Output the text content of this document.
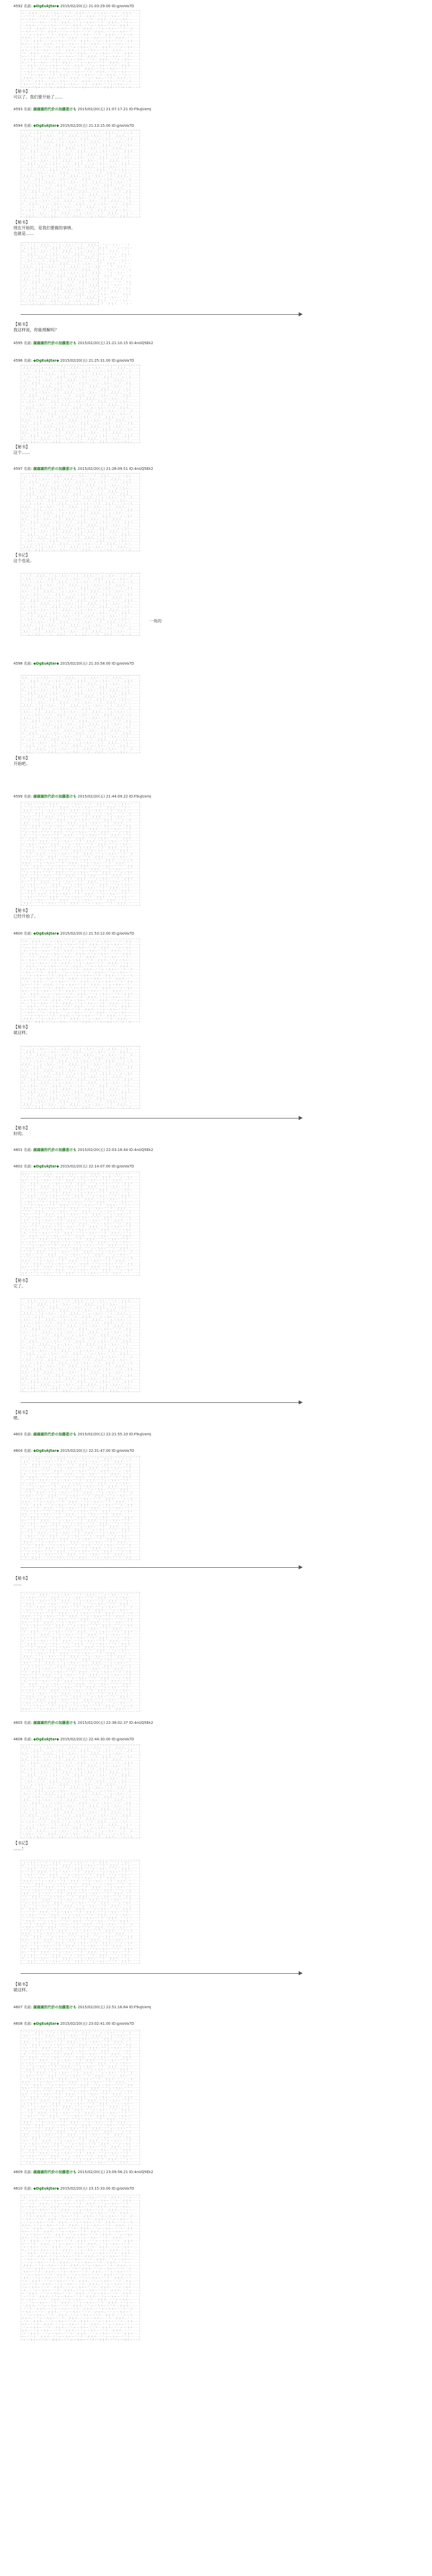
4592 名前: ◆DgEukJtar◆ 2015/02/20(五) 21:03:29.00 ID:g/ooVa7D
ﾉ ｀ / | ｲ ､ ' ' ｨ ヽ \ ﾚ ｰ ' ' ﾉ ｀ / | ｲ ､ ' ' ｨ ヽ \ ﾚ ｰ ' ' ﾉ ｀ / | ｲ
ｰ ' ' ﾉ ｀ / | ｲ ､ ' ' ｨ ヽ \ ﾚ ｰ ' ' ﾉ ｀ / | ｲ ､ ' ' ｨ ヽ \ ﾚ ｰ ' ' ﾉ ｀
ｨ ヽ \ ﾚ ｰ ' ' ﾉ ｀ / | ｲ ､ ' ' ｨ ヽ \ ﾚ ｰ ' ' ﾉ ｀ / | ｲ ､ ' ' ｨ ヽ \ ﾚ ｰ
､ ' ' ｨ ヽ \ ﾚ ｰ ' ' ﾉ ｀ / | ｲ ､ ' ' ｨ ヽ \ ﾚ ｰ ' ' ﾉ ｀ / | ｲ ､ ' ' ｨ ヽ
｀ / | ｲ ､ ' ' ｨ ヽ \ ﾚ ｰ ' ' ﾉ ｀ / | ｲ ､ ' ' ｨ ヽ \ ﾚ ｰ ' ' ﾉ ｀ / | ｲ ､
' ' ﾉ ｀ / | ｲ ､ ' ' ｨ ヽ \ ﾚ ｰ ' ' ﾉ ｀ / | ｲ ､ ' ' ｨ ヽ \ ﾚ ｰ ' ' ﾉ ｀ /
ヽ \ ﾚ ｰ ' ' ﾉ ｀ / | ｲ ､ ' ' ｨ ヽ \ ﾚ ｰ ' ' ﾉ ｀ / | ｲ ､ ' ' ｨ ヽ \ ﾚ ｰ '
' ' ｨ ヽ \ ﾚ ｰ ' ' ﾉ ｀ / | ｲ ､ ' ' ｨ ヽ \ ﾚ ｰ ' ' ﾉ ｀ / | ｲ ､ ' ' ｨ ヽ \
/ | ｲ ､ ' ' ｨ ヽ \ ﾚ ｰ ' ' ﾉ ｀ / | ｲ ､ ' ' ｨ ヽ \ ﾚ ｰ ' ' ﾉ ｀ / | ｲ ､ '
' ﾉ ｀ / | ｲ ､ ' ' ｨ ヽ \ ﾚ ｰ ' ' ﾉ ｀ / | ｲ ､ ' ' ｨ ヽ \ ﾚ ｰ ' ' ﾉ ｀ / |
\ ﾚ ｰ ' ' ﾉ ｀ / | ｲ ､ ' ' ｨ ヽ \ ﾚ ｰ ' ' ﾉ ｀ / | ｲ ､ ' ' ｨ ヽ \ ﾚ ｰ ' '
' ｨ ヽ \ ﾚ ｰ ' ' ﾉ ｀ / | ｲ ､ ' ' ｨ ヽ \ ﾚ ｰ ' ' ﾉ ｀ / | ｲ ､ ' ' ｨ ヽ \ ﾚ
| ｲ ､ ' ' ｨ ヽ \ ﾚ ｰ ' ' ﾉ ｀ / | ｲ ､ ' ' ｨ ヽ \ ﾚ ｰ ' ' ﾉ ｀ / | ｲ ､ ' '
ﾉ ｀ / | ｲ ､ ' ' ｨ ヽ \ ﾚ ｰ ' ' ﾉ ｀ / | ｲ ､ ' ' ｨ ヽ \ ﾚ ｰ ' ' ﾉ ｀ / | ｲ
ﾚ ｰ ' ' ﾉ ｀ / | ｲ ､ ' ' ｨ ヽ \ ﾚ ｰ ' ' ﾉ ｀ / | ｲ ､ ' ' ｨ ヽ \ ﾚ ｰ ' ' ﾉ
ｨ ヽ \ ﾚ ｰ ' ' ﾉ ｀ / | ｲ ､ ' ' ｨ ヽ \ ﾚ ｰ ' ' ﾉ ｀ / | ｲ ､ ' ' ｨ ヽ \ ﾚ ｰ
ｲ ､ ' ' ｨ ヽ \ ﾚ ｰ ' ' ﾉ ｀ / | ｲ ､ ' ' ｨ ヽ \ ﾚ ｰ ' ' ﾉ ｀ / | ｲ ､ ' ' ｨ
｀ / | ｲ ､ ' ' ｨ ヽ \ ﾚ ｰ ' ' ﾉ ｀ / | ｲ ､ ' ' ｨ ヽ \ ﾚ ｰ ' ' ﾉ ｀ / | ｲ ､
ｰ ' ' ﾉ ｀ / | ｲ ､ ' ' ｨ ヽ \ ﾚ ｰ ' ' ﾉ ｀ / | ｲ ､ ' ' ｨ ヽ \ ﾚ ｰ ' ' ﾉ ｀
ヽ \ ﾚ ｰ ' ' ﾉ ｀ / | ｲ ､ ' ' ｨ ヽ \ ﾚ ｰ ' ' ﾉ ｀ / | ｲ ､ ' ' ｨ ヽ \ ﾚ ｰ '
､ ' ' ｨ ヽ \ ﾚ ｰ ' ' ﾉ ｀ / | ｲ ､ ' ' ｨ ヽ \ ﾚ ｰ ' ' ﾉ ｀ / | ｲ ､ ' ' ｨ ヽ
/ | ｲ ､ ' ' ｨ ヽ \ ﾚ ｰ ' ' ﾉ ｀ / | ｲ ､ ' ' ｨ ヽ \ ﾚ ｰ ' ' ﾉ ｀ / | ｲ ､ '
' ' ﾉ ｀ / | ｲ ､ ' ' ｨ ヽ \ ﾚ ｰ ' ' ﾉ ｀ / | ｲ ､ ' ' ｨ ヽ \ ﾚ ｰ ' ' ﾉ ｀ /
\ ﾚ ｰ ' ' ﾉ ｀ / | ｲ ､ ' ' ｨ ヽ \ ﾚ ｰ ' ' ﾉ ｀ / | ｲ ､ ' ' ｨ ヽ \ ﾚ ｰ ' '
' ' ｨ ヽ \ ﾚ ｰ ' ' ﾉ ｀ / | ｲ ､ ' ' ｨ ヽ \ ﾚ ｰ ' ' ﾉ ｀ / | ｲ ､ ' ' ｨ ヽ \

【秘书】
可以了。我们要开始了……
4593 名前: 腐腐腐的代价の加藤恵けも 2015/02/20(五) 21:07:17.21 ID:F9uJUxmj
4594 名前: ◆DgEukJtar◆ 2015/02/20(五) 21:13:15.00 ID:g/ooVa7D
' ' ｨ ヽ \ ﾚ ｰ ' ' ﾉ ｀ / | ｲ ､ ' ' ｨ ヽ \ ﾚ ｰ ' ' ﾉ ｀ / | ｲ ､ ' ' ｨ ヽ \
/ | ｲ ､ ' ' ｨ ヽ \ ﾚ ｰ ' ' ﾉ ｀ / | ｲ ､ ' ' ｨ ヽ \ ﾚ ｰ ' ' ﾉ ｀ / | ｲ ､ '
' ﾉ ｀ / | ｲ ､ ' ' ｨ ヽ \ ﾚ ｰ ' ' ﾉ ｀ / | ｲ ､ ' ' ｨ ヽ \ ﾚ ｰ ' ' ﾉ ｀ / |
\ ﾚ ｰ ' ' ﾉ ｀ / | ｲ ､ ' ' ｨ ヽ \ ﾚ ｰ ' ' ﾉ ｀ / | ｲ ､ ' ' ｨ ヽ \ ﾚ ｰ ' '
' ｨ ヽ \ ﾚ ｰ ' ' ﾉ ｀ / | ｲ ､ ' ' ｨ ヽ \ ﾚ ｰ ' ' ﾉ ｀ / | ｲ ､ ' ' ｨ ヽ \ ﾚ
| ｲ ､ ' ' ｨ ヽ \ ﾚ ｰ ' ' ﾉ ｀ / | ｲ ､ ' ' ｨ ヽ \ ﾚ ｰ ' ' ﾉ ｀ / | ｲ ､ ' '
ﾉ ｀ / | ｲ ､ ' ' ｨ ヽ \ ﾚ ｰ ' ' ﾉ ｀ / | ｲ ､ ' ' ｨ ヽ \ ﾚ ｰ ' ' ﾉ ｀ / | ｲ
ﾚ ｰ ' ' ﾉ ｀ / | ｲ ､ ' ' ｨ ヽ \ ﾚ ｰ ' ' ﾉ ｀ / | ｲ ､ ' ' ｨ ヽ \ ﾚ ｰ ' ' ﾉ
ｨ ヽ \ ﾚ ｰ ' ' ﾉ ｀ / | ｲ ､ ' ' ｨ ヽ \ ﾚ ｰ ' ' ﾉ ｀ / | ｲ ､ ' ' ｨ ヽ \ ﾚ ｰ
ｲ ､ ' ' ｨ ヽ \ ﾚ ｰ ' ' ﾉ ｀ / | ｲ ､ ' ' ｨ ヽ \ ﾚ ｰ ' ' ﾉ ｀ / | ｲ ､ ' ' ｨ
｀ / | ｲ ､ ' ' ｨ ヽ \ ﾚ ｰ ' ' ﾉ ｀ / | ｲ ､ ' ' ｨ ヽ \ ﾚ ｰ ' ' ﾉ ｀ / | ｲ ､
ｰ ' ' ﾉ ｀ / | ｲ ､ ' ' ｨ ヽ \ ﾚ ｰ ' ' ﾉ ｀ / | ｲ ､ ' ' ｨ ヽ \ ﾚ ｰ ' ' ﾉ ｀
ヽ \ ﾚ ｰ ' ' ﾉ ｀ / | ｲ ､ ' ' ｨ ヽ \ ﾚ ｰ ' ' ﾉ ｀ / | ｲ ､ ' ' ｨ ヽ \ ﾚ ｰ '
､ ' ' ｨ ヽ \ ﾚ ｰ ' ' ﾉ ｀ / | ｲ ､ ' ' ｨ ヽ \ ﾚ ｰ ' ' ﾉ ｀ / | ｲ ､ ' ' ｨ ヽ
/ | ｲ ､ ' ' ｨ ヽ \ ﾚ ｰ ' ' ﾉ ｀ / | ｲ ､ ' ' ｨ ヽ \ ﾚ ｰ ' ' ﾉ ｀ / | ｲ ､ '
' ' ﾉ ｀ / | ｲ ､ ' ' ｨ ヽ \ ﾚ ｰ ' ' ﾉ ｀ / | ｲ ､ ' ' ｨ ヽ \ ﾚ ｰ ' ' ﾉ ｀ /
\ ﾚ ｰ ' ' ﾉ ｀ / | ｲ ､ ' ' ｨ ヽ \ ﾚ ｰ ' ' ﾉ ｀ / | ｲ ､ ' ' ｨ ヽ \ ﾚ ｰ ' '
' ' ｨ ヽ \ ﾚ ｰ ' ' ﾉ ｀ / | ｲ ､ ' ' ｨ ヽ \ ﾚ ｰ ' ' ﾉ ｀ / | ｲ ､ ' ' ｨ ヽ \
| ｲ ､ ' ' ｨ ヽ \ ﾚ ｰ ' ' ﾉ ｀ / | ｲ ､ ' ' ｨ ヽ \ ﾚ ｰ ' ' ﾉ ｀ / | ｲ ､ ' '
' ﾉ ｀ / | ｲ ､ ' ' ｨ ヽ \ ﾚ ｰ ' ' ﾉ ｀ / | ｲ ､ ' ' ｨ ヽ \ ﾚ ｰ ' ' ﾉ ｀ / |
ﾚ ｰ ' ' ﾉ ｀ / | ｲ ､ ' ' ｨ ヽ \ ﾚ ｰ ' ' ﾉ ｀ / | ｲ ､ ' ' ｨ ヽ \ ﾚ ｰ ' ' ﾉ
' ｨ ヽ \ ﾚ ｰ ' ' ﾉ ｀ / | ｲ ､ ' ' ｨ ヽ \ ﾚ ｰ ' ' ﾉ ｀ / | ｲ ､ ' ' ｨ ヽ \ ﾚ
ｲ ､ ' ' ｨ ヽ \ ﾚ ｰ ' ' ﾉ ｀ / | ｲ ､ ' ' ｨ ヽ \ ﾚ ｰ ' ' ﾉ ｀ / | ｲ ､ ' ' ｨ
ﾉ ｀ / | ｲ ､ ' ' ｨ ヽ \ ﾚ ｰ ' ' ﾉ ｀ / | ｲ ､ ' ' ｨ ヽ \ ﾚ ｰ ' ' ﾉ ｀ / | ｲ
ｰ ' ' ﾉ ｀ / | ｲ ､ ' ' ｨ ヽ \ ﾚ ｰ ' ' ﾉ ｀ / | ｲ ､ ' ' ｨ ヽ \ ﾚ ｰ ' ' ﾉ ｀
ｨ ヽ \ ﾚ ｰ ' ' ﾉ ｀ / | ｲ ､ ' ' ｨ ヽ \ ﾚ ｰ ' ' ﾉ ｀ / | ｲ ､ ' ' ｨ ヽ \ ﾚ ｰ
､ ' ' ｨ ヽ \ ﾚ ｰ ' ' ﾉ ｀ / | ｲ ､ ' ' ｨ ヽ \ ﾚ ｰ ' ' ﾉ ｀ / | ｲ ､ ' ' ｨ ヽ
｀ / | ｲ ､ ' ' ｨ ヽ \ ﾚ ｰ ' ' ﾉ ｀ / | ｲ ､ ' ' ｨ ヽ \ ﾚ ｰ ' ' ﾉ ｀ / | ｲ ､

【秘书】
现在开始的，是我们要做的事情。
也就是……
ﾚ ｰ ' ' ﾉ ｀ / | ｲ ､ ' ' ｨ ヽ \ ﾚ ｰ ' ' ﾉ ｀ / | ｲ ､ ' ' ｨ ヽ \ ﾚ ｰ ' ' ﾉ
ｨ ヽ \ ﾚ ｰ ' ' ﾉ ｀ / | ｲ ､ ' ' ｨ ヽ \ ﾚ ｰ ' ' ﾉ ｀ / | ｲ ､ ' ' ｨ ヽ \ ﾚ ｰ
ｲ ､ ' ' ｨ ヽ \ ﾚ ｰ ' ' ﾉ ｀ / | ｲ ､ ' ' ｨ ヽ \ ﾚ ｰ ' ' ﾉ ｀ / | ｲ ､ ' ' ｨ
｀ / | ｲ ､ ' ' ｨ ヽ \ ﾚ ｰ ' ' ﾉ ｀ / | ｲ ､ ' ' ｨ ヽ \ ﾚ ｰ ' ' ﾉ ｀ / | ｲ ､
ｰ ' ' ﾉ ｀ / | ｲ ､ ' ' ｨ ヽ \ ﾚ ｰ ' ' ﾉ ｀ / | ｲ ､ ' ' ｨ ヽ \ ﾚ ｰ ' ' ﾉ ｀
ヽ \ ﾚ ｰ ' ' ﾉ ｀ / | ｲ ､ ' ' ｨ ヽ \ ﾚ ｰ ' ' ﾉ ｀ / | ｲ ､ ' ' ｨ ヽ \ ﾚ ｰ '
､ ' ' ｨ ヽ \ ﾚ ｰ ' ' ﾉ ｀ / | ｲ ､ ' ' ｨ ヽ \ ﾚ ｰ ' ' ﾉ ｀ / | ｲ ､ ' ' ｨ ヽ
/ | ｲ ､ ' ' ｨ ヽ \ ﾚ ｰ ' ' ﾉ ｀ / | ｲ ､ ' ' ｨ ヽ \ ﾚ ｰ ' ' ﾉ ｀ / | ｲ ､ '
' ' ﾉ ｀ / | ｲ ､ ' ' ｨ ヽ \ ﾚ ｰ ' ' ﾉ ｀ / | ｲ ､ ' ' ｨ ヽ \ ﾚ ｰ ' ' ﾉ ｀ /
\ ﾚ ｰ ' ' ﾉ ｀ / | ｲ ､ ' ' ｨ ヽ \ ﾚ ｰ ' ' ﾉ ｀ / | ｲ ､ ' ' ｨ ヽ \ ﾚ ｰ ' '
' ' ｨ ヽ \ ﾚ ｰ ' ' ﾉ ｀ / | ｲ ､ ' ' ｨ ヽ \ ﾚ ｰ ' ' ﾉ ｀ / | ｲ ､ ' ' ｨ ヽ \
| ｲ ､ ' ' ｨ ヽ \ ﾚ ｰ ' ' ﾉ ｀ / | ｲ ､ ' ' ｨ ヽ \ ﾚ ｰ ' ' ﾉ ｀ / | ｲ ､ ' '
' ﾉ ｀ / | ｲ ､ ' ' ｨ ヽ \ ﾚ ｰ ' ' ﾉ ｀ / | ｲ ､ ' ' ｨ ヽ \ ﾚ ｰ ' ' ﾉ ｀ / |
ﾚ ｰ ' ' ﾉ ｀ / | ｲ ､ ' ' ｨ ヽ \ ﾚ ｰ ' ' ﾉ ｀ / | ｲ ､ ' ' ｨ ヽ \ ﾚ ｰ ' ' ﾉ
' ｨ ヽ \ ﾚ ｰ ' ' ﾉ ｀ / | ｲ ､ ' ' ｨ ヽ \ ﾚ ｰ ' ' ﾉ ｀ / | ｲ ､ ' ' ｨ ヽ \ ﾚ
ｲ ､ ' ' ｨ ヽ \ ﾚ ｰ ' ' ﾉ ｀ / | ｲ ､ ' ' ｨ ヽ \ ﾚ ｰ ' ' ﾉ ｀ / | ｲ ､ ' ' ｨ
ﾉ ｀ / | ｲ ､ ' ' ｨ ヽ \ ﾚ ｰ ' ' ﾉ ｀ / | ｲ ､ ' ' ｨ ヽ \ ﾚ ｰ ' ' ﾉ ｀ / | ｲ
ｰ ' ' ﾉ ｀ / | ｲ ､ ' ' ｨ ヽ \ ﾚ ｰ ' ' ﾉ ｀ / | ｲ ､ ' ' ｨ ヽ \ ﾚ ｰ ' ' ﾉ ｀
ｨ ヽ \ ﾚ ｰ ' ' ﾉ ｀ / | ｲ ､ ' ' ｨ ヽ \ ﾚ ｰ ' ' ﾉ ｀ / | ｲ ､ ' ' ｨ ヽ \ ﾚ ｰ
､ ' ' ｨ ヽ \ ﾚ ｰ ' ' ﾉ ｀ / | ｲ ､ ' ' ｨ ヽ \ ﾚ ｰ ' ' ﾉ ｀ / | ｲ ､ ' ' ｨ ヽ

【秘书】
我这样说，你能理解吗？
4595 名前: 腐腐腐的代价の加藤恵けも 2015/02/20(五) 21:21:10.15 ID:4nUQ5Ek2
4596 名前: ◆DgEukJtar◆ 2015/02/20(五) 21:25:31.00 ID:g/ooVa7D
/ | ｲ ､ ' ' ｨ ヽ \ ﾚ ｰ ' ' ﾉ ｀ / | ｲ ､ ' ' ｨ ヽ \ ﾚ ｰ ' ' ﾉ ｀ / | ｲ ､ '
' ' ﾉ ｀ / | ｲ ､ ' ' ｨ ヽ \ ﾚ ｰ ' ' ﾉ ｀ / | ｲ ､ ' ' ｨ ヽ \ ﾚ ｰ ' ' ﾉ ｀ /
\ ﾚ ｰ ' ' ﾉ ｀ / | ｲ ､ ' ' ｨ ヽ \ ﾚ ｰ ' ' ﾉ ｀ / | ｲ ､ ' ' ｨ ヽ \ ﾚ ｰ ' '
' ' ｨ ヽ \ ﾚ ｰ ' ' ﾉ ｀ / | ｲ ､ ' ' ｨ ヽ \ ﾚ ｰ ' ' ﾉ ｀ / | ｲ ､ ' ' ｨ ヽ \
| ｲ ､ ' ' ｨ ヽ \ ﾚ ｰ ' ' ﾉ ｀ / | ｲ ､ ' ' ｨ ヽ \ ﾚ ｰ ' ' ﾉ ｀ / | ｲ ､ ' '
' ﾉ ｀ / | ｲ ､ ' ' ｨ ヽ \ ﾚ ｰ ' ' ﾉ ｀ / | ｲ ､ ' ' ｨ ヽ \ ﾚ ｰ ' ' ﾉ ｀ / |
ﾚ ｰ ' ' ﾉ ｀ / | ｲ ､ ' ' ｨ ヽ \ ﾚ ｰ ' ' ﾉ ｀ / | ｲ ､ ' ' ｨ ヽ \ ﾚ ｰ ' ' ﾉ
' ｨ ヽ \ ﾚ ｰ ' ' ﾉ ｀ / | ｲ ､ ' ' ｨ ヽ \ ﾚ ｰ ' ' ﾉ ｀ / | ｲ ､ ' ' ｨ ヽ \ ﾚ
ｲ ､ ' ' ｨ ヽ \ ﾚ ｰ ' ' ﾉ ｀ / | ｲ ､ ' ' ｨ ヽ \ ﾚ ｰ ' ' ﾉ ｀ / | ｲ ､ ' ' ｨ
ﾉ ｀ / | ｲ ､ ' ' ｨ ヽ \ ﾚ ｰ ' ' ﾉ ｀ / | ｲ ､ ' ' ｨ ヽ \ ﾚ ｰ ' ' ﾉ ｀ / | ｲ
ｰ ' ' ﾉ ｀ / | ｲ ､ ' ' ｨ ヽ \ ﾚ ｰ ' ' ﾉ ｀ / | ｲ ､ ' ' ｨ ヽ \ ﾚ ｰ ' ' ﾉ ｀
ｨ ヽ \ ﾚ ｰ ' ' ﾉ ｀ / | ｲ ､ ' ' ｨ ヽ \ ﾚ ｰ ' ' ﾉ ｀ / | ｲ ､ ' ' ｨ ヽ \ ﾚ ｰ
､ ' ' ｨ ヽ \ ﾚ ｰ ' ' ﾉ ｀ / | ｲ ､ ' ' ｨ ヽ \ ﾚ ｰ ' ' ﾉ ｀ / | ｲ ､ ' ' ｨ ヽ
｀ / | ｲ ､ ' ' ｨ ヽ \ ﾚ ｰ ' ' ﾉ ｀ / | ｲ ､ ' ' ｨ ヽ \ ﾚ ｰ ' ' ﾉ ｀ / | ｲ ､
' ' ﾉ ｀ / | ｲ ､ ' ' ｨ ヽ \ ﾚ ｰ ' ' ﾉ ｀ / | ｲ ､ ' ' ｨ ヽ \ ﾚ ｰ ' ' ﾉ ｀ /
ヽ \ ﾚ ｰ ' ' ﾉ ｀ / | ｲ ､ ' ' ｨ ヽ \ ﾚ ｰ ' ' ﾉ ｀ / | ｲ ､ ' ' ｨ ヽ \ ﾚ ｰ '
' ' ｨ ヽ \ ﾚ ｰ ' ' ﾉ ｀ / | ｲ ､ ' ' ｨ ヽ \ ﾚ ｰ ' ' ﾉ ｀ / | ｲ ､ ' ' ｨ ヽ \
/ | ｲ ､ ' ' ｨ ヽ \ ﾚ ｰ ' ' ﾉ ｀ / | ｲ ､ ' ' ｨ ヽ \ ﾚ ｰ ' ' ﾉ ｀ / | ｲ ､ '
' ﾉ ｀ / | ｲ ､ ' ' ｨ ヽ \ ﾚ ｰ ' ' ﾉ ｀ / | ｲ ､ ' ' ｨ ヽ \ ﾚ ｰ ' ' ﾉ ｀ / |
\ ﾚ ｰ ' ' ﾉ ｀ / | ｲ ､ ' ' ｨ ヽ \ ﾚ ｰ ' ' ﾉ ｀ / | ｲ ､ ' ' ｨ ヽ \ ﾚ ｰ ' '
' ｨ ヽ \ ﾚ ｰ ' ' ﾉ ｀ / | ｲ ､ ' ' ｨ ヽ \ ﾚ ｰ ' ' ﾉ ｀ / | ｲ ､ ' ' ｨ ヽ \ ﾚ
| ｲ ､ ' ' ｨ ヽ \ ﾚ ｰ ' ' ﾉ ｀ / | ｲ ､ ' ' ｨ ヽ \ ﾚ ｰ ' ' ﾉ ｀ / | ｲ ､ ' '
ﾉ ｀ / | ｲ ､ ' ' ｨ ヽ \ ﾚ ｰ ' ' ﾉ ｀ / | ｲ ､ ' ' ｨ ヽ \ ﾚ ｰ ' ' ﾉ ｀ / | ｲ
ﾚ ｰ ' ' ﾉ ｀ / | ｲ ､ ' ' ｨ ヽ \ ﾚ ｰ ' ' ﾉ ｀ / | ｲ ､ ' ' ｨ ヽ \ ﾚ ｰ ' ' ﾉ
ｨ ヽ \ ﾚ ｰ ' ' ﾉ ｀ / | ｲ ､ ' ' ｨ ヽ \ ﾚ ｰ ' ' ﾉ ｀ / | ｲ ､ ' ' ｨ ヽ \ ﾚ ｰ

【秘书】
这个……
4597 名前: 腐腐腐的代价の加藤恵けも 2015/02/20(五) 21:28:09.51 ID:4nUQ5Ek2
' ｨ ヽ \ ﾚ ｰ ' ' ﾉ ｀ / | ｲ ､ ' ' ｨ ヽ \ ﾚ ｰ ' ' ﾉ ｀ / | ｲ ､ ' ' ｨ ヽ \ ﾚ
ｲ ､ ' ' ｨ ヽ \ ﾚ ｰ ' ' ﾉ ｀ / | ｲ ､ ' ' ｨ ヽ \ ﾚ ｰ ' ' ﾉ ｀ / | ｲ ､ ' ' ｨ
ﾉ ｀ / | ｲ ､ ' ' ｨ ヽ \ ﾚ ｰ ' ' ﾉ ｀ / | ｲ ､ ' ' ｨ ヽ \ ﾚ ｰ ' ' ﾉ ｀ / | ｲ
ｰ ' ' ﾉ ｀ / | ｲ ､ ' ' ｨ ヽ \ ﾚ ｰ ' ' ﾉ ｀ / | ｲ ､ ' ' ｨ ヽ \ ﾚ ｰ ' ' ﾉ ｀
ｨ ヽ \ ﾚ ｰ ' ' ﾉ ｀ / | ｲ ､ ' ' ｨ ヽ \ ﾚ ｰ ' ' ﾉ ｀ / | ｲ ､ ' ' ｨ ヽ \ ﾚ ｰ
､ ' ' ｨ ヽ \ ﾚ ｰ ' ' ﾉ ｀ / | ｲ ､ ' ' ｨ ヽ \ ﾚ ｰ ' ' ﾉ ｀ / | ｲ ､ ' ' ｨ ヽ
｀ / | ｲ ､ ' ' ｨ ヽ \ ﾚ ｰ ' ' ﾉ ｀ / | ｲ ､ ' ' ｨ ヽ \ ﾚ ｰ ' ' ﾉ ｀ / | ｲ ､
' ' ﾉ ｀ / | ｲ ､ ' ' ｨ ヽ \ ﾚ ｰ ' ' ﾉ ｀ / | ｲ ､ ' ' ｨ ヽ \ ﾚ ｰ ' ' ﾉ ｀ /
ヽ \ ﾚ ｰ ' ' ﾉ ｀ / | ｲ ､ ' ' ｨ ヽ \ ﾚ ｰ ' ' ﾉ ｀ / | ｲ ､ ' ' ｨ ヽ \ ﾚ ｰ '
' ' ｨ ヽ \ ﾚ ｰ ' ' ﾉ ｀ / | ｲ ､ ' ' ｨ ヽ \ ﾚ ｰ ' ' ﾉ ｀ / | ｲ ､ ' ' ｨ ヽ \
/ | ｲ ､ ' ' ｨ ヽ \ ﾚ ｰ ' ' ﾉ ｀ / | ｲ ､ ' ' ｨ ヽ \ ﾚ ｰ ' ' ﾉ ｀ / | ｲ ､ '
' ﾉ ｀ / | ｲ ､ ' ' ｨ ヽ \ ﾚ ｰ ' ' ﾉ ｀ / | ｲ ､ ' ' ｨ ヽ \ ﾚ ｰ ' ' ﾉ ｀ / |
\ ﾚ ｰ ' ' ﾉ ｀ / | ｲ ､ ' ' ｨ ヽ \ ﾚ ｰ ' ' ﾉ ｀ / | ｲ ､ ' ' ｨ ヽ \ ﾚ ｰ ' '
' ｨ ヽ \ ﾚ ｰ ' ' ﾉ ｀ / | ｲ ､ ' ' ｨ ヽ \ ﾚ ｰ ' ' ﾉ ｀ / | ｲ ､ ' ' ｨ ヽ \ ﾚ
| ｲ ､ ' ' ｨ ヽ \ ﾚ ｰ ' ' ﾉ ｀ / | ｲ ､ ' ' ｨ ヽ \ ﾚ ｰ ' ' ﾉ ｀ / | ｲ ､ ' '
ﾉ ｀ / | ｲ ､ ' ' ｨ ヽ \ ﾚ ｰ ' ' ﾉ ｀ / | ｲ ､ ' ' ｨ ヽ \ ﾚ ｰ ' ' ﾉ ｀ / | ｲ
ﾚ ｰ ' ' ﾉ ｀ / | ｲ ､ ' ' ｨ ヽ \ ﾚ ｰ ' ' ﾉ ｀ / | ｲ ､ ' ' ｨ ヽ \ ﾚ ｰ ' ' ﾉ
ｨ ヽ \ ﾚ ｰ ' ' ﾉ ｀ / | ｲ ､ ' ' ｨ ヽ \ ﾚ ｰ ' ' ﾉ ｀ / | ｲ ､ ' ' ｨ ヽ \ ﾚ ｰ
ｲ ､ ' ' ｨ ヽ \ ﾚ ｰ ' ' ﾉ ｀ / | ｲ ､ ' ' ｨ ヽ \ ﾚ ｰ ' ' ﾉ ｀ / | ｲ ､ ' ' ｨ
｀ / | ｲ ､ ' ' ｨ ヽ \ ﾚ ｰ ' ' ﾉ ｀ / | ｲ ､ ' ' ｨ ヽ \ ﾚ ｰ ' ' ﾉ ｀ / | ｲ ､
ｰ ' ' ﾉ ｀ / | ｲ ､ ' ' ｨ ヽ \ ﾚ ｰ ' ' ﾉ ｀ / | ｲ ､ ' ' ｨ ヽ \ ﾚ ｰ ' ' ﾉ ｀
ヽ \ ﾚ ｰ ' ' ﾉ ｀ / | ｲ ､ ' ' ｨ ヽ \ ﾚ ｰ ' ' ﾉ ｀ / | ｲ ､ ' ' ｨ ヽ \ ﾚ ｰ '
､ ' ' ｨ ヽ \ ﾚ ｰ ' ' ﾉ ｀ / | ｲ ､ ' ' ｨ ヽ \ ﾚ ｰ ' ' ﾉ ｀ / | ｲ ､ ' ' ｨ ヽ
/ | ｲ ､ ' ' ｨ ヽ \ ﾚ ｰ ' ' ﾉ ｀ / | ｲ ､ ' ' ｨ ヽ \ ﾚ ｰ ' ' ﾉ ｀ / | ｲ ､ '
' ' ﾉ ｀ / | ｲ ､ ' ' ｨ ヽ \ ﾚ ｰ ' ' ﾉ ｀ / | ｲ ､ ' ' ｨ ヽ \ ﾚ ｰ ' ' ﾉ ｀ /

【书记】
这个也是。
' ' ﾉ ｀ / | ｲ ､ ' ' ｨ ヽ \ ﾚ ｰ ' ' ﾉ ｀ / | ｲ ､ ' ' ｨ ヽ \ ﾚ ｰ ' ' ﾉ ｀ /
ヽ \ ﾚ ｰ ' ' ﾉ ｀ / | ｲ ､ ' ' ｨ ヽ \ ﾚ ｰ ' ' ﾉ ｀ / | ｲ ､ ' ' ｨ ヽ \ ﾚ ｰ '
' ' ｨ ヽ \ ﾚ ｰ ' ' ﾉ ｀ / | ｲ ､ ' ' ｨ ヽ \ ﾚ ｰ ' ' ﾉ ｀ / | ｲ ､ ' ' ｨ ヽ \
/ | ｲ ､ ' ' ｨ ヽ \ ﾚ ｰ ' ' ﾉ ｀ / | ｲ ､ ' ' ｨ ヽ \ ﾚ ｰ ' ' ﾉ ｀ / | ｲ ､ '
' ﾉ ｀ / | ｲ ､ ' ' ｨ ヽ \ ﾚ ｰ ' ' ﾉ ｀ / | ｲ ､ ' ' ｨ ヽ \ ﾚ ｰ ' ' ﾉ ｀ / |
\ ﾚ ｰ ' ' ﾉ ｀ / | ｲ ､ ' ' ｨ ヽ \ ﾚ ｰ ' ' ﾉ ｀ / | ｲ ､ ' ' ｨ ヽ \ ﾚ ｰ ' '
' ｨ ヽ \ ﾚ ｰ ' ' ﾉ ｀ / | ｲ ､ ' ' ｨ ヽ \ ﾚ ｰ ' ' ﾉ ｀ / | ｲ ､ ' ' ｨ ヽ \ ﾚ
| ｲ ､ ' ' ｨ ヽ \ ﾚ ｰ ' ' ﾉ ｀ / | ｲ ､ ' ' ｨ ヽ \ ﾚ ｰ ' ' ﾉ ｀ / | ｲ ､ ' '
ﾉ ｀ / | ｲ ､ ' ' ｨ ヽ \ ﾚ ｰ ' ' ﾉ ｀ / | ｲ ､ ' ' ｨ ヽ \ ﾚ ｰ ' ' ﾉ ｀ / | ｲ
ﾚ ｰ ' ' ﾉ ｀ / | ｲ ､ ' ' ｨ ヽ \ ﾚ ｰ ' ' ﾉ ｀ / | ｲ ､ ' ' ｨ ヽ \ ﾚ ｰ ' ' ﾉ
ｨ ヽ \ ﾚ ｰ ' ' ﾉ ｀ / | ｲ ､ ' ' ｨ ヽ \ ﾚ ｰ ' ' ﾉ ｀ / | ｲ ､ ' ' ｨ ヽ \ ﾚ ｰ
ｲ ､ ' ' ｨ ヽ \ ﾚ ｰ ' ' ﾉ ｀ / | ｲ ､ ' ' ｨ ヽ \ ﾚ ｰ ' ' ﾉ ｀ / | ｲ ､ ' ' ｨ
｀ / | ｲ ､ ' ' ｨ ヽ \ ﾚ ｰ ' ' ﾉ ｀ / | ｲ ､ ' ' ｨ ヽ \ ﾚ ｰ ' ' ﾉ ｀ / | ｲ ､
ｰ ' ' ﾉ ｀ / | ｲ ､ ' ' ｨ ヽ \ ﾚ ｰ ' ' ﾉ ｀ / | ｲ ､ ' ' ｨ ヽ \ ﾚ ｰ ' ' ﾉ ｀
ヽ \ ﾚ ｰ ' ' ﾉ ｀ / | ｲ ､ ' ' ｨ ヽ \ ﾚ ｰ ' ' ﾉ ｀ / | ｲ ､ ' ' ｨ ヽ \ ﾚ ｰ '
､ ' ' ｨ ヽ \ ﾚ ｰ ' ' ﾉ ｀ / | ｲ ､ ' ' ｨ ヽ \ ﾚ ｰ ' ' ﾉ ｀ / | ｲ ､ ' ' ｨ ヽ
/ | ｲ ､ ' ' ｨ ヽ \ ﾚ ｰ ' ' ﾉ ｀ / | ｲ ､ ' ' ｨ ヽ \ ﾚ ｰ ' ' ﾉ ｀ / | ｲ ､ '
' ' ﾉ ｀ / | ｲ ､ ' ' ｨ ヽ \ ﾚ ｰ ' ' ﾉ ｀ / | ｲ ､ ' ' ｨ ヽ \ ﾚ ｰ ' ' ﾉ ｀ /
\ ﾚ ｰ ' ' ﾉ ｀ / | ｲ ､ ' ' ｨ ヽ \ ﾚ ｰ ' ' ﾉ ｀ / | ｲ ､ ' ' ｨ ヽ \ ﾚ ｰ ' '
' ' ｨ ヽ \ ﾚ ｰ ' ' ﾉ ｀ / | ｲ ､ ' ' ｨ ヽ \ ﾚ ｰ ' ' ﾉ ｀ / | ｲ ､ ' ' ｨ ヽ \

一角的
4598 名前: ◆DgEukJtar◆ 2015/02/20(五) 21:33:58.00 ID:g/ooVa7D
| ｲ ､ ' ' ｨ ヽ \ ﾚ ｰ ' ' ﾉ ｀ / | ｲ ､ ' ' ｨ ヽ \ ﾚ ｰ ' ' ﾉ ｀ / | ｲ ､ ' '
ﾉ ｀ / | ｲ ､ ' ' ｨ ヽ \ ﾚ ｰ ' ' ﾉ ｀ / | ｲ ､ ' ' ｨ ヽ \ ﾚ ｰ ' ' ﾉ ｀ / | ｲ
ﾚ ｰ ' ' ﾉ ｀ / | ｲ ､ ' ' ｨ ヽ \ ﾚ ｰ ' ' ﾉ ｀ / | ｲ ､ ' ' ｨ ヽ \ ﾚ ｰ ' ' ﾉ
ｨ ヽ \ ﾚ ｰ ' ' ﾉ ｀ / | ｲ ､ ' ' ｨ ヽ \ ﾚ ｰ ' ' ﾉ ｀ / | ｲ ､ ' ' ｨ ヽ \ ﾚ ｰ
ｲ ､ ' ' ｨ ヽ \ ﾚ ｰ ' ' ﾉ ｀ / | ｲ ､ ' ' ｨ ヽ \ ﾚ ｰ ' ' ﾉ ｀ / | ｲ ､ ' ' ｨ
｀ / | ｲ ､ ' ' ｨ ヽ \ ﾚ ｰ ' ' ﾉ ｀ / | ｲ ､ ' ' ｨ ヽ \ ﾚ ｰ ' ' ﾉ ｀ / | ｲ ､
ｰ ' ' ﾉ ｀ / | ｲ ､ ' ' ｨ ヽ \ ﾚ ｰ ' ' ﾉ ｀ / | ｲ ､ ' ' ｨ ヽ \ ﾚ ｰ ' ' ﾉ ｀
ヽ \ ﾚ ｰ ' ' ﾉ ｀ / | ｲ ､ ' ' ｨ ヽ \ ﾚ ｰ ' ' ﾉ ｀ / | ｲ ､ ' ' ｨ ヽ \ ﾚ ｰ '
､ ' ' ｨ ヽ \ ﾚ ｰ ' ' ﾉ ｀ / | ｲ ､ ' ' ｨ ヽ \ ﾚ ｰ ' ' ﾉ ｀ / | ｲ ､ ' ' ｨ ヽ
/ | ｲ ､ ' ' ｨ ヽ \ ﾚ ｰ ' ' ﾉ ｀ / | ｲ ､ ' ' ｨ ヽ \ ﾚ ｰ ' ' ﾉ ｀ / | ｲ ､ '
' ' ﾉ ｀ / | ｲ ､ ' ' ｨ ヽ \ ﾚ ｰ ' ' ﾉ ｀ / | ｲ ､ ' ' ｨ ヽ \ ﾚ ｰ ' ' ﾉ ｀ /
\ ﾚ ｰ ' ' ﾉ ｀ / | ｲ ､ ' ' ｨ ヽ \ ﾚ ｰ ' ' ﾉ ｀ / | ｲ ､ ' ' ｨ ヽ \ ﾚ ｰ ' '
' ' ｨ ヽ \ ﾚ ｰ ' ' ﾉ ｀ / | ｲ ､ ' ' ｨ ヽ \ ﾚ ｰ ' ' ﾉ ｀ / | ｲ ､ ' ' ｨ ヽ \
| ｲ ､ ' ' ｨ ヽ \ ﾚ ｰ ' ' ﾉ ｀ / | ｲ ､ ' ' ｨ ヽ \ ﾚ ｰ ' ' ﾉ ｀ / | ｲ ､ ' '
' ﾉ ｀ / | ｲ ､ ' ' ｨ ヽ \ ﾚ ｰ ' ' ﾉ ｀ / | ｲ ､ ' ' ｨ ヽ \ ﾚ ｰ ' ' ﾉ ｀ / |
ﾚ ｰ ' ' ﾉ ｀ / | ｲ ､ ' ' ｨ ヽ \ ﾚ ｰ ' ' ﾉ ｀ / | ｲ ､ ' ' ｨ ヽ \ ﾚ ｰ ' ' ﾉ
' ｨ ヽ \ ﾚ ｰ ' ' ﾉ ｀ / | ｲ ､ ' ' ｨ ヽ \ ﾚ ｰ ' ' ﾉ ｀ / | ｲ ､ ' ' ｨ ヽ \ ﾚ
ｲ ､ ' ' ｨ ヽ \ ﾚ ｰ ' ' ﾉ ｀ / | ｲ ､ ' ' ｨ ヽ \ ﾚ ｰ ' ' ﾉ ｀ / | ｲ ､ ' ' ｨ
ﾉ ｀ / | ｲ ､ ' ' ｨ ヽ \ ﾚ ｰ ' ' ﾉ ｀ / | ｲ ､ ' ' ｨ ヽ \ ﾚ ｰ ' ' ﾉ ｀ / | ｲ
ｰ ' ' ﾉ ｀ / | ｲ ､ ' ' ｨ ヽ \ ﾚ ｰ ' ' ﾉ ｀ / | ｲ ､ ' ' ｨ ヽ \ ﾚ ｰ ' ' ﾉ ｀
ｨ ヽ \ ﾚ ｰ ' ' ﾉ ｀ / | ｲ ､ ' ' ｨ ヽ \ ﾚ ｰ ' ' ﾉ ｀ / | ｲ ､ ' ' ｨ ヽ \ ﾚ ｰ
､ ' ' ｨ ヽ \ ﾚ ｰ ' ' ﾉ ｀ / | ｲ ､ ' ' ｨ ヽ \ ﾚ ｰ ' ' ﾉ ｀ / | ｲ ､ ' ' ｨ ヽ
｀ / | ｲ ､ ' ' ｨ ヽ \ ﾚ ｰ ' ' ﾉ ｀ / | ｲ ､ ' ' ｨ ヽ \ ﾚ ｰ ' ' ﾉ ｀ / | ｲ ､
' ' ﾉ ｀ / | ｲ ､ ' ' ｨ ヽ \ ﾚ ｰ ' ' ﾉ ｀ / | ｲ ､ ' ' ｨ ヽ \ ﾚ ｰ ' ' ﾉ ｀ /
ヽ \ ﾚ ｰ ' ' ﾉ ｀ / | ｲ ､ ' ' ｨ ヽ \ ﾚ ｰ ' ' ﾉ ｀ / | ｲ ､ ' ' ｨ ヽ \ ﾚ ｰ '

【秘书】
开始吧。
4599 名前: 腐腐腐的代价の加藤恵けも 2015/02/20(五) 21:44:09.22 ID:F9uJUxmj
ヽ \ ﾚ ｰ ' ' ﾉ ｀ / | ｲ ､ ' ' ｨ ヽ \ ﾚ ｰ ' ' ﾉ ｀ / | ｲ ､ ' ' ｨ ヽ \ ﾚ ｰ '
､ ' ' ｨ ヽ \ ﾚ ｰ ' ' ﾉ ｀ / | ｲ ､ ' ' ｨ ヽ \ ﾚ ｰ ' ' ﾉ ｀ / | ｲ ､ ' ' ｨ ヽ
/ | ｲ ､ ' ' ｨ ヽ \ ﾚ ｰ ' ' ﾉ ｀ / | ｲ ､ ' ' ｨ ヽ \ ﾚ ｰ ' ' ﾉ ｀ / | ｲ ､ '
' ' ﾉ ｀ / | ｲ ､ ' ' ｨ ヽ \ ﾚ ｰ ' ' ﾉ ｀ / | ｲ ､ ' ' ｨ ヽ \ ﾚ ｰ ' ' ﾉ ｀ /
\ ﾚ ｰ ' ' ﾉ ｀ / | ｲ ､ ' ' ｨ ヽ \ ﾚ ｰ ' ' ﾉ ｀ / | ｲ ､ ' ' ｨ ヽ \ ﾚ ｰ ' '
' ' ｨ ヽ \ ﾚ ｰ ' ' ﾉ ｀ / | ｲ ､ ' ' ｨ ヽ \ ﾚ ｰ ' ' ﾉ ｀ / | ｲ ､ ' ' ｨ ヽ \
| ｲ ､ ' ' ｨ ヽ \ ﾚ ｰ ' ' ﾉ ｀ / | ｲ ､ ' ' ｨ ヽ \ ﾚ ｰ ' ' ﾉ ｀ / | ｲ ､ ' '
' ﾉ ｀ / | ｲ ､ ' ' ｨ ヽ \ ﾚ ｰ ' ' ﾉ ｀ / | ｲ ､ ' ' ｨ ヽ \ ﾚ ｰ ' ' ﾉ ｀ / |
ﾚ ｰ ' ' ﾉ ｀ / | ｲ ､ ' ' ｨ ヽ \ ﾚ ｰ ' ' ﾉ ｀ / | ｲ ､ ' ' ｨ ヽ \ ﾚ ｰ ' ' ﾉ
' ｨ ヽ \ ﾚ ｰ ' ' ﾉ ｀ / | ｲ ､ ' ' ｨ ヽ \ ﾚ ｰ ' ' ﾉ ｀ / | ｲ ､ ' ' ｨ ヽ \ ﾚ
ｲ ､ ' ' ｨ ヽ \ ﾚ ｰ ' ' ﾉ ｀ / | ｲ ､ ' ' ｨ ヽ \ ﾚ ｰ ' ' ﾉ ｀ / | ｲ ､ ' ' ｨ
ﾉ ｀ / | ｲ ､ ' ' ｨ ヽ \ ﾚ ｰ ' ' ﾉ ｀ / | ｲ ､ ' ' ｨ ヽ \ ﾚ ｰ ' ' ﾉ ｀ / | ｲ
ｰ ' ' ﾉ ｀ / | ｲ ､ ' ' ｨ ヽ \ ﾚ ｰ ' ' ﾉ ｀ / | ｲ ､ ' ' ｨ ヽ \ ﾚ ｰ ' ' ﾉ ｀
ｨ ヽ \ ﾚ ｰ ' ' ﾉ ｀ / | ｲ ､ ' ' ｨ ヽ \ ﾚ ｰ ' ' ﾉ ｀ / | ｲ ､ ' ' ｨ ヽ \ ﾚ ｰ
､ ' ' ｨ ヽ \ ﾚ ｰ ' ' ﾉ ｀ / | ｲ ､ ' ' ｨ ヽ \ ﾚ ｰ ' ' ﾉ ｀ / | ｲ ､ ' ' ｨ ヽ
｀ / | ｲ ､ ' ' ｨ ヽ \ ﾚ ｰ ' ' ﾉ ｀ / | ｲ ､ ' ' ｨ ヽ \ ﾚ ｰ ' ' ﾉ ｀ / | ｲ ､
' ' ﾉ ｀ / | ｲ ､ ' ' ｨ ヽ \ ﾚ ｰ ' ' ﾉ ｀ / | ｲ ､ ' ' ｨ ヽ \ ﾚ ｰ ' ' ﾉ ｀ /
ヽ \ ﾚ ｰ ' ' ﾉ ｀ / | ｲ ､ ' ' ｨ ヽ \ ﾚ ｰ ' ' ﾉ ｀ / | ｲ ､ ' ' ｨ ヽ \ ﾚ ｰ '
' ' ｨ ヽ \ ﾚ ｰ ' ' ﾉ ｀ / | ｲ ､ ' ' ｨ ヽ \ ﾚ ｰ ' ' ﾉ ｀ / | ｲ ､ ' ' ｨ ヽ \
/ | ｲ ､ ' ' ｨ ヽ \ ﾚ ｰ ' ' ﾉ ｀ / | ｲ ､ ' ' ｨ ヽ \ ﾚ ｰ ' ' ﾉ ｀ / | ｲ ､ '
' ﾉ ｀ / | ｲ ､ ' ' ｨ ヽ \ ﾚ ｰ ' ' ﾉ ｀ / | ｲ ､ ' ' ｨ ヽ \ ﾚ ｰ ' ' ﾉ ｀ / |
\ ﾚ ｰ ' ' ﾉ ｀ / | ｲ ､ ' ' ｨ ヽ \ ﾚ ｰ ' ' ﾉ ｀ / | ｲ ､ ' ' ｨ ヽ \ ﾚ ｰ ' '
' ｨ ヽ \ ﾚ ｰ ' ' ﾉ ｀ / | ｲ ､ ' ' ｨ ヽ \ ﾚ ｰ ' ' ﾉ ｀ / | ｲ ､ ' ' ｨ ヽ \ ﾚ
| ｲ ､ ' ' ｨ ヽ \ ﾚ ｰ ' ' ﾉ ｀ / | ｲ ､ ' ' ｨ ヽ \ ﾚ ｰ ' ' ﾉ ｀ / | ｲ ､ ' '
ﾉ ｀ / | ｲ ､ ' ' ｨ ヽ \ ﾚ ｰ ' ' ﾉ ｀ / | ｲ ､ ' ' ｨ ヽ \ ﾚ ｰ ' ' ﾉ ｀ / | ｲ
ﾚ ｰ ' ' ﾉ ｀ / | ｲ ､ ' ' ｨ ヽ \ ﾚ ｰ ' ' ﾉ ｀ / | ｲ ､ ' ' ｨ ヽ \ ﾚ ｰ ' ' ﾉ
ｨ ヽ \ ﾚ ｰ ' ' ﾉ ｀ / | ｲ ､ ' ' ｨ ヽ \ ﾚ ｰ ' ' ﾉ ｀ / | ｲ ､ ' ' ｨ ヽ \ ﾚ ｰ
ｲ ､ ' ' ｨ ヽ \ ﾚ ｰ ' ' ﾉ ｀ / | ｲ ､ ' ' ｨ ヽ \ ﾚ ｰ ' ' ﾉ ｀ / | ｲ ､ ' ' ｨ
｀ / | ｲ ､ ' ' ｨ ヽ \ ﾚ ｰ ' ' ﾉ ｀ / | ｲ ､ ' ' ｨ ヽ \ ﾚ ｰ ' ' ﾉ ｀ / | ｲ ､
ｰ ' ' ﾉ ｀ / | ｲ ､ ' ' ｨ ヽ \ ﾚ ｰ ' ' ﾉ ｀ / | ｲ ､ ' ' ｨ ヽ \ ﾚ ｰ ' ' ﾉ ｀
ヽ \ ﾚ ｰ ' ' ﾉ ｀ / | ｲ ､ ' ' ｨ ヽ \ ﾚ ｰ ' ' ﾉ ｀ / | ｲ ､ ' ' ｨ ヽ \ ﾚ ｰ '
､ ' ' ｨ ヽ \ ﾚ ｰ ' ' ﾉ ｀ / | ｲ ､ ' ' ｨ ヽ \ ﾚ ｰ ' ' ﾉ ｀ / | ｲ ､ ' ' ｨ ヽ
/ | ｲ ､ ' ' ｨ ヽ \ ﾚ ｰ ' ' ﾉ ｀ / | ｲ ､ ' ' ｨ ヽ \ ﾚ ｰ ' ' ﾉ ｀ / | ｲ ､ '

【秘书】
已经开始了。
4600 名前: ◆DgEukJtar◆ 2015/02/20(五) 21:53:12.00 ID:g/ooVa7D
' ﾉ ｀ / | ｲ ､ ' ' ｨ ヽ \ ﾚ ｰ ' ' ﾉ ｀ / | ｲ ､ ' ' ｨ ヽ \ ﾚ ｰ ' ' ﾉ ｀ / |
ﾚ ｰ ' ' ﾉ ｀ / | ｲ ､ ' ' ｨ ヽ \ ﾚ ｰ ' ' ﾉ ｀ / | ｲ ､ ' ' ｨ ヽ \ ﾚ ｰ ' ' ﾉ
' ｨ ヽ \ ﾚ ｰ ' ' ﾉ ｀ / | ｲ ､ ' ' ｨ ヽ \ ﾚ ｰ ' ' ﾉ ｀ / | ｲ ､ ' ' ｨ ヽ \ ﾚ
ｲ ､ ' ' ｨ ヽ \ ﾚ ｰ ' ' ﾉ ｀ / | ｲ ､ ' ' ｨ ヽ \ ﾚ ｰ ' ' ﾉ ｀ / | ｲ ､ ' ' ｨ
ﾉ ｀ / | ｲ ､ ' ' ｨ ヽ \ ﾚ ｰ ' ' ﾉ ｀ / | ｲ ､ ' ' ｨ ヽ \ ﾚ ｰ ' ' ﾉ ｀ / | ｲ
ｰ ' ' ﾉ ｀ / | ｲ ､ ' ' ｨ ヽ \ ﾚ ｰ ' ' ﾉ ｀ / | ｲ ､ ' ' ｨ ヽ \ ﾚ ｰ ' ' ﾉ ｀
ｨ ヽ \ ﾚ ｰ ' ' ﾉ ｀ / | ｲ ､ ' ' ｨ ヽ \ ﾚ ｰ ' ' ﾉ ｀ / | ｲ ､ ' ' ｨ ヽ \ ﾚ ｰ
､ ' ' ｨ ヽ \ ﾚ ｰ ' ' ﾉ ｀ / | ｲ ､ ' ' ｨ ヽ \ ﾚ ｰ ' ' ﾉ ｀ / | ｲ ､ ' ' ｨ ヽ
｀ / | ｲ ､ ' ' ｨ ヽ \ ﾚ ｰ ' ' ﾉ ｀ / | ｲ ､ ' ' ｨ ヽ \ ﾚ ｰ ' ' ﾉ ｀ / | ｲ ､
' ' ﾉ ｀ / | ｲ ､ ' ' ｨ ヽ \ ﾚ ｰ ' ' ﾉ ｀ / | ｲ ､ ' ' ｨ ヽ \ ﾚ ｰ ' ' ﾉ ｀ /
ヽ \ ﾚ ｰ ' ' ﾉ ｀ / | ｲ ､ ' ' ｨ ヽ \ ﾚ ｰ ' ' ﾉ ｀ / | ｲ ､ ' ' ｨ ヽ \ ﾚ ｰ '
' ' ｨ ヽ \ ﾚ ｰ ' ' ﾉ ｀ / | ｲ ､ ' ' ｨ ヽ \ ﾚ ｰ ' ' ﾉ ｀ / | ｲ ､ ' ' ｨ ヽ \
/ | ｲ ､ ' ' ｨ ヽ \ ﾚ ｰ ' ' ﾉ ｀ / | ｲ ､ ' ' ｨ ヽ \ ﾚ ｰ ' ' ﾉ ｀ / | ｲ ､ '
' ﾉ ｀ / | ｲ ､ ' ' ｨ ヽ \ ﾚ ｰ ' ' ﾉ ｀ / | ｲ ､ ' ' ｨ ヽ \ ﾚ ｰ ' ' ﾉ ｀ / |
\ ﾚ ｰ ' ' ﾉ ｀ / | ｲ ､ ' ' ｨ ヽ \ ﾚ ｰ ' ' ﾉ ｀ / | ｲ ､ ' ' ｨ ヽ \ ﾚ ｰ ' '
' ｨ ヽ \ ﾚ ｰ ' ' ﾉ ｀ / | ｲ ､ ' ' ｨ ヽ \ ﾚ ｰ ' ' ﾉ ｀ / | ｲ ､ ' ' ｨ ヽ \ ﾚ
| ｲ ､ ' ' ｨ ヽ \ ﾚ ｰ ' ' ﾉ ｀ / | ｲ ､ ' ' ｨ ヽ \ ﾚ ｰ ' ' ﾉ ｀ / | ｲ ､ ' '
ﾉ ｀ / | ｲ ､ ' ' ｨ ヽ \ ﾚ ｰ ' ' ﾉ ｀ / | ｲ ､ ' ' ｨ ヽ \ ﾚ ｰ ' ' ﾉ ｀ / | ｲ
ﾚ ｰ ' ' ﾉ ｀ / | ｲ ､ ' ' ｨ ヽ \ ﾚ ｰ ' ' ﾉ ｀ / | ｲ ､ ' ' ｨ ヽ \ ﾚ ｰ ' ' ﾉ
ｨ ヽ \ ﾚ ｰ ' ' ﾉ ｀ / | ｲ ､ ' ' ｨ ヽ \ ﾚ ｰ ' ' ﾉ ｀ / | ｲ ､ ' ' ｨ ヽ \ ﾚ ｰ
ｲ ､ ' ' ｨ ヽ \ ﾚ ｰ ' ' ﾉ ｀ / | ｲ ､ ' ' ｨ ヽ \ ﾚ ｰ ' ' ﾉ ｀ / | ｲ ､ ' ' ｨ
｀ / | ｲ ､ ' ' ｨ ヽ \ ﾚ ｰ ' ' ﾉ ｀ / | ｲ ､ ' ' ｨ ヽ \ ﾚ ｰ ' ' ﾉ ｀ / | ｲ ､
ｰ ' ' ﾉ ｀ / | ｲ ､ ' ' ｨ ヽ \ ﾚ ｰ ' ' ﾉ ｀ / | ｲ ､ ' ' ｨ ヽ \ ﾚ ｰ ' ' ﾉ ｀
ヽ \ ﾚ ｰ ' ' ﾉ ｀ / | ｲ ､ ' ' ｨ ヽ \ ﾚ ｰ ' ' ﾉ ｀ / | ｲ ､ ' ' ｨ ヽ \ ﾚ ｰ '
､ ' ' ｨ ヽ \ ﾚ ｰ ' ' ﾉ ｀ / | ｲ ､ ' ' ｨ ヽ \ ﾚ ｰ ' ' ﾉ ｀ / | ｲ ､ ' ' ｨ ヽ
/ | ｲ ､ ' ' ｨ ヽ \ ﾚ ｰ ' ' ﾉ ｀ / | ｲ ､ ' ' ｨ ヽ \ ﾚ ｰ ' ' ﾉ ｀ / | ｲ ､ '
' ' ﾉ ｀ / | ｲ ､ ' ' ｨ ヽ \ ﾚ ｰ ' ' ﾉ ｀ / | ｲ ､ ' ' ｨ ヽ \ ﾚ ｰ ' ' ﾉ ｀ /

【秘书】
就这样。
､ ' ' ｨ ヽ \ ﾚ ｰ ' ' ﾉ ｀ / | ｲ ､ ' ' ｨ ヽ \ ﾚ ｰ ' ' ﾉ ｀ / | ｲ ､ ' ' ｨ ヽ
｀ / | ｲ ､ ' ' ｨ ヽ \ ﾚ ｰ ' ' ﾉ ｀ / | ｲ ､ ' ' ｨ ヽ \ ﾚ ｰ ' ' ﾉ ｀ / | ｲ ､
' ' ﾉ ｀ / | ｲ ､ ' ' ｨ ヽ \ ﾚ ｰ ' ' ﾉ ｀ / | ｲ ､ ' ' ｨ ヽ \ ﾚ ｰ ' ' ﾉ ｀ /
ヽ \ ﾚ ｰ ' ' ﾉ ｀ / | ｲ ､ ' ' ｨ ヽ \ ﾚ ｰ ' ' ﾉ ｀ / | ｲ ､ ' ' ｨ ヽ \ ﾚ ｰ '
' ' ｨ ヽ \ ﾚ ｰ ' ' ﾉ ｀ / | ｲ ､ ' ' ｨ ヽ \ ﾚ ｰ ' ' ﾉ ｀ / | ｲ ､ ' ' ｨ ヽ \
/ | ｲ ､ ' ' ｨ ヽ \ ﾚ ｰ ' ' ﾉ ｀ / | ｲ ､ ' ' ｨ ヽ \ ﾚ ｰ ' ' ﾉ ｀ / | ｲ ､ '
' ﾉ ｀ / | ｲ ､ ' ' ｨ ヽ \ ﾚ ｰ ' ' ﾉ ｀ / | ｲ ､ ' ' ｨ ヽ \ ﾚ ｰ ' ' ﾉ ｀ / |
\ ﾚ ｰ ' ' ﾉ ｀ / | ｲ ､ ' ' ｨ ヽ \ ﾚ ｰ ' ' ﾉ ｀ / | ｲ ､ ' ' ｨ ヽ \ ﾚ ｰ ' '
' ｨ ヽ \ ﾚ ｰ ' ' ﾉ ｀ / | ｲ ､ ' ' ｨ ヽ \ ﾚ ｰ ' ' ﾉ ｀ / | ｲ ､ ' ' ｨ ヽ \ ﾚ
| ｲ ､ ' ' ｨ ヽ \ ﾚ ｰ ' ' ﾉ ｀ / | ｲ ､ ' ' ｨ ヽ \ ﾚ ｰ ' ' ﾉ ｀ / | ｲ ､ ' '
ﾉ ｀ / | ｲ ､ ' ' ｨ ヽ \ ﾚ ｰ ' ' ﾉ ｀ / | ｲ ､ ' ' ｨ ヽ \ ﾚ ｰ ' ' ﾉ ｀ / | ｲ
ﾚ ｰ ' ' ﾉ ｀ / | ｲ ､ ' ' ｨ ヽ \ ﾚ ｰ ' ' ﾉ ｀ / | ｲ ､ ' ' ｨ ヽ \ ﾚ ｰ ' ' ﾉ
ｨ ヽ \ ﾚ ｰ ' ' ﾉ ｀ / | ｲ ､ ' ' ｨ ヽ \ ﾚ ｰ ' ' ﾉ ｀ / | ｲ ､ ' ' ｨ ヽ \ ﾚ ｰ
ｲ ､ ' ' ｨ ヽ \ ﾚ ｰ ' ' ﾉ ｀ / | ｲ ､ ' ' ｨ ヽ \ ﾚ ｰ ' ' ﾉ ｀ / | ｲ ､ ' ' ｨ
｀ / | ｲ ､ ' ' ｨ ヽ \ ﾚ ｰ ' ' ﾉ ｀ / | ｲ ､ ' ' ｨ ヽ \ ﾚ ｰ ' ' ﾉ ｀ / | ｲ ､
ｰ ' ' ﾉ ｀ / | ｲ ､ ' ' ｨ ヽ \ ﾚ ｰ ' ' ﾉ ｀ / | ｲ ､ ' ' ｨ ヽ \ ﾚ ｰ ' ' ﾉ ｀
ヽ \ ﾚ ｰ ' ' ﾉ ｀ / | ｲ ､ ' ' ｨ ヽ \ ﾚ ｰ ' ' ﾉ ｀ / | ｲ ､ ' ' ｨ ヽ \ ﾚ ｰ '
､ ' ' ｨ ヽ \ ﾚ ｰ ' ' ﾉ ｀ / | ｲ ､ ' ' ｨ ヽ \ ﾚ ｰ ' ' ﾉ ｀ / | ｲ ､ ' ' ｨ ヽ
/ | ｲ ､ ' ' ｨ ヽ \ ﾚ ｰ ' ' ﾉ ｀ / | ｲ ､ ' ' ｨ ヽ \ ﾚ ｰ ' ' ﾉ ｀ / | ｲ ､ '
' ' ﾉ ｀ / | ｲ ､ ' ' ｨ ヽ \ ﾚ ｰ ' ' ﾉ ｀ / | ｲ ､ ' ' ｨ ヽ \ ﾚ ｰ ' ' ﾉ ｀ /

【秘书】
好的。
4601 名前: 腐腐腐的代价の加藤恵けも 2015/02/20(五) 22:03:18.44 ID:4nUQ5Ek2
4602 名前: ◆DgEukJtar◆ 2015/02/20(五) 22:14:07.00 ID:g/ooVa7D
\ ﾚ ｰ ' ' ﾉ ｀ / | ｲ ､ ' ' ｨ ヽ \ ﾚ ｰ ' ' ﾉ ｀ / | ｲ ､ ' ' ｨ ヽ \ ﾚ ｰ ' '
' ｨ ヽ \ ﾚ ｰ ' ' ﾉ ｀ / | ｲ ､ ' ' ｨ ヽ \ ﾚ ｰ ' ' ﾉ ｀ / | ｲ ､ ' ' ｨ ヽ \ ﾚ
| ｲ ､ ' ' ｨ ヽ \ ﾚ ｰ ' ' ﾉ ｀ / | ｲ ､ ' ' ｨ ヽ \ ﾚ ｰ ' ' ﾉ ｀ / | ｲ ､ ' '
ﾉ ｀ / | ｲ ､ ' ' ｨ ヽ \ ﾚ ｰ ' ' ﾉ ｀ / | ｲ ､ ' ' ｨ ヽ \ ﾚ ｰ ' ' ﾉ ｀ / | ｲ
ﾚ ｰ ' ' ﾉ ｀ / | ｲ ､ ' ' ｨ ヽ \ ﾚ ｰ ' ' ﾉ ｀ / | ｲ ､ ' ' ｨ ヽ \ ﾚ ｰ ' ' ﾉ
ｨ ヽ \ ﾚ ｰ ' ' ﾉ ｀ / | ｲ ､ ' ' ｨ ヽ \ ﾚ ｰ ' ' ﾉ ｀ / | ｲ ､ ' ' ｨ ヽ \ ﾚ ｰ
ｲ ､ ' ' ｨ ヽ \ ﾚ ｰ ' ' ﾉ ｀ / | ｲ ､ ' ' ｨ ヽ \ ﾚ ｰ ' ' ﾉ ｀ / | ｲ ､ ' ' ｨ
｀ / | ｲ ､ ' ' ｨ ヽ \ ﾚ ｰ ' ' ﾉ ｀ / | ｲ ､ ' ' ｨ ヽ \ ﾚ ｰ ' ' ﾉ ｀ / | ｲ ､
ｰ ' ' ﾉ ｀ / | ｲ ､ ' ' ｨ ヽ \ ﾚ ｰ ' ' ﾉ ｀ / | ｲ ､ ' ' ｨ ヽ \ ﾚ ｰ ' ' ﾉ ｀
ヽ \ ﾚ ｰ ' ' ﾉ ｀ / | ｲ ､ ' ' ｨ ヽ \ ﾚ ｰ ' ' ﾉ ｀ / | ｲ ､ ' ' ｨ ヽ \ ﾚ ｰ '
､ ' ' ｨ ヽ \ ﾚ ｰ ' ' ﾉ ｀ / | ｲ ､ ' ' ｨ ヽ \ ﾚ ｰ ' ' ﾉ ｀ / | ｲ ､ ' ' ｨ ヽ
/ | ｲ ､ ' ' ｨ ヽ \ ﾚ ｰ ' ' ﾉ ｀ / | ｲ ､ ' ' ｨ ヽ \ ﾚ ｰ ' ' ﾉ ｀ / | ｲ ､ '
' ' ﾉ ｀ / | ｲ ､ ' ' ｨ ヽ \ ﾚ ｰ ' ' ﾉ ｀ / | ｲ ､ ' ' ｨ ヽ \ ﾚ ｰ ' ' ﾉ ｀ /
\ ﾚ ｰ ' ' ﾉ ｀ / | ｲ ､ ' ' ｨ ヽ \ ﾚ ｰ ' ' ﾉ ｀ / | ｲ ､ ' ' ｨ ヽ \ ﾚ ｰ ' '
' ' ｨ ヽ \ ﾚ ｰ ' ' ﾉ ｀ / | ｲ ､ ' ' ｨ ヽ \ ﾚ ｰ ' ' ﾉ ｀ / | ｲ ､ ' ' ｨ ヽ \
| ｲ ､ ' ' ｨ ヽ \ ﾚ ｰ ' ' ﾉ ｀ / | ｲ ､ ' ' ｨ ヽ \ ﾚ ｰ ' ' ﾉ ｀ / | ｲ ､ ' '
' ﾉ ｀ / | ｲ ､ ' ' ｨ ヽ \ ﾚ ｰ ' ' ﾉ ｀ / | ｲ ､ ' ' ｨ ヽ \ ﾚ ｰ ' ' ﾉ ｀ / |
ﾚ ｰ ' ' ﾉ ｀ / | ｲ ､ ' ' ｨ ヽ \ ﾚ ｰ ' ' ﾉ ｀ / | ｲ ､ ' ' ｨ ヽ \ ﾚ ｰ ' ' ﾉ
' ｨ ヽ \ ﾚ ｰ ' ' ﾉ ｀ / | ｲ ､ ' ' ｨ ヽ \ ﾚ ｰ ' ' ﾉ ｀ / | ｲ ､ ' ' ｨ ヽ \ ﾚ
ｲ ､ ' ' ｨ ヽ \ ﾚ ｰ ' ' ﾉ ｀ / | ｲ ､ ' ' ｨ ヽ \ ﾚ ｰ ' ' ﾉ ｀ / | ｲ ､ ' ' ｨ
ﾉ ｀ / | ｲ ､ ' ' ｨ ヽ \ ﾚ ｰ ' ' ﾉ ｀ / | ｲ ､ ' ' ｨ ヽ \ ﾚ ｰ ' ' ﾉ ｀ / | ｲ
ｰ ' ' ﾉ ｀ / | ｲ ､ ' ' ｨ ヽ \ ﾚ ｰ ' ' ﾉ ｀ / | ｲ ､ ' ' ｨ ヽ \ ﾚ ｰ ' ' ﾉ ｀
ｨ ヽ \ ﾚ ｰ ' ' ﾉ ｀ / | ｲ ､ ' ' ｨ ヽ \ ﾚ ｰ ' ' ﾉ ｀ / | ｲ ､ ' ' ｨ ヽ \ ﾚ ｰ
､ ' ' ｨ ヽ \ ﾚ ｰ ' ' ﾉ ｀ / | ｲ ､ ' ' ｨ ヽ \ ﾚ ｰ ' ' ﾉ ｀ / | ｲ ､ ' ' ｨ ヽ
｀ / | ｲ ､ ' ' ｨ ヽ \ ﾚ ｰ ' ' ﾉ ｀ / | ｲ ､ ' ' ｨ ヽ \ ﾚ ｰ ' ' ﾉ ｀ / | ｲ ､
' ' ﾉ ｀ / | ｲ ､ ' ' ｨ ヽ \ ﾚ ｰ ' ' ﾉ ｀ / | ｲ ､ ' ' ｨ ヽ \ ﾚ ｰ ' ' ﾉ ｀ /
ヽ \ ﾚ ｰ ' ' ﾉ ｀ / | ｲ ､ ' ' ｨ ヽ \ ﾚ ｰ ' ' ﾉ ｀ / | ｲ ､ ' ' ｨ ヽ \ ﾚ ｰ '
' ' ｨ ヽ \ ﾚ ｰ ' ' ﾉ ｀ / | ｲ ､ ' ' ｨ ヽ \ ﾚ ｰ ' ' ﾉ ｀ / | ｲ ､ ' ' ｨ ヽ \
/ | ｲ ､ ' ' ｨ ヽ \ ﾚ ｰ ' ' ﾉ ｀ / | ｲ ､ ' ' ｨ ヽ \ ﾚ ｰ ' ' ﾉ ｀ / | ｲ ､ '
' ﾉ ｀ / | ｲ ､ ' ' ｨ ヽ \ ﾚ ｰ ' ' ﾉ ｀ / | ｲ ､ ' ' ｨ ヽ \ ﾚ ｰ ' ' ﾉ ｀ / |
\ ﾚ ｰ ' ' ﾉ ｀ / | ｲ ､ ' ' ｨ ヽ \ ﾚ ｰ ' ' ﾉ ｀ / | ｲ ､ ' ' ｨ ヽ \ ﾚ ｰ ' '
' ｨ ヽ \ ﾚ ｰ ' ' ﾉ ｀ / | ｲ ､ ' ' ｨ ヽ \ ﾚ ｰ ' ' ﾉ ｀ / | ｲ ､ ' ' ｨ ヽ \ ﾚ
| ｲ ､ ' ' ｨ ヽ \ ﾚ ｰ ' ' ﾉ ｀ / | ｲ ､ ' ' ｨ ヽ \ ﾚ ｰ ' ' ﾉ ｀ / | ｲ ､ ' '

【秘书】
完了。
｀ / | ｲ ､ ' ' ｨ ヽ \ ﾚ ｰ ' ' ﾉ ｀ / | ｲ ､ ' ' ｨ ヽ \ ﾚ ｰ ' ' ﾉ ｀ / | ｲ ､
ｰ ' ' ﾉ ｀ / | ｲ ､ ' ' ｨ ヽ \ ﾚ ｰ ' ' ﾉ ｀ / | ｲ ､ ' ' ｨ ヽ \ ﾚ ｰ ' ' ﾉ ｀
ヽ \ ﾚ ｰ ' ' ﾉ ｀ / | ｲ ､ ' ' ｨ ヽ \ ﾚ ｰ ' ' ﾉ ｀ / | ｲ ､ ' ' ｨ ヽ \ ﾚ ｰ '
､ ' ' ｨ ヽ \ ﾚ ｰ ' ' ﾉ ｀ / | ｲ ､ ' ' ｨ ヽ \ ﾚ ｰ ' ' ﾉ ｀ / | ｲ ､ ' ' ｨ ヽ
/ | ｲ ､ ' ' ｨ ヽ \ ﾚ ｰ ' ' ﾉ ｀ / | ｲ ､ ' ' ｨ ヽ \ ﾚ ｰ ' ' ﾉ ｀ / | ｲ ､ '
' ' ﾉ ｀ / | ｲ ､ ' ' ｨ ヽ \ ﾚ ｰ ' ' ﾉ ｀ / | ｲ ､ ' ' ｨ ヽ \ ﾚ ｰ ' ' ﾉ ｀ /
\ ﾚ ｰ ' ' ﾉ ｀ / | ｲ ､ ' ' ｨ ヽ \ ﾚ ｰ ' ' ﾉ ｀ / | ｲ ､ ' ' ｨ ヽ \ ﾚ ｰ ' '
' ' ｨ ヽ \ ﾚ ｰ ' ' ﾉ ｀ / | ｲ ､ ' ' ｨ ヽ \ ﾚ ｰ ' ' ﾉ ｀ / | ｲ ､ ' ' ｨ ヽ \
| ｲ ､ ' ' ｨ ヽ \ ﾚ ｰ ' ' ﾉ ｀ / | ｲ ､ ' ' ｨ ヽ \ ﾚ ｰ ' ' ﾉ ｀ / | ｲ ､ ' '
' ﾉ ｀ / | ｲ ､ ' ' ｨ ヽ \ ﾚ ｰ ' ' ﾉ ｀ / | ｲ ､ ' ' ｨ ヽ \ ﾚ ｰ ' ' ﾉ ｀ / |
ﾚ ｰ ' ' ﾉ ｀ / | ｲ ､ ' ' ｨ ヽ \ ﾚ ｰ ' ' ﾉ ｀ / | ｲ ､ ' ' ｨ ヽ \ ﾚ ｰ ' ' ﾉ
' ｨ ヽ \ ﾚ ｰ ' ' ﾉ ｀ / | ｲ ､ ' ' ｨ ヽ \ ﾚ ｰ ' ' ﾉ ｀ / | ｲ ､ ' ' ｨ ヽ \ ﾚ
ｲ ､ ' ' ｨ ヽ \ ﾚ ｰ ' ' ﾉ ｀ / | ｲ ､ ' ' ｨ ヽ \ ﾚ ｰ ' ' ﾉ ｀ / | ｲ ､ ' ' ｨ
ﾉ ｀ / | ｲ ､ ' ' ｨ ヽ \ ﾚ ｰ ' ' ﾉ ｀ / | ｲ ､ ' ' ｨ ヽ \ ﾚ ｰ ' ' ﾉ ｀ / | ｲ
ｰ ' ' ﾉ ｀ / | ｲ ､ ' ' ｨ ヽ \ ﾚ ｰ ' ' ﾉ ｀ / | ｲ ､ ' ' ｨ ヽ \ ﾚ ｰ ' ' ﾉ ｀
ｨ ヽ \ ﾚ ｰ ' ' ﾉ ｀ / | ｲ ､ ' ' ｨ ヽ \ ﾚ ｰ ' ' ﾉ ｀ / | ｲ ､ ' ' ｨ ヽ \ ﾚ ｰ
､ ' ' ｨ ヽ \ ﾚ ｰ ' ' ﾉ ｀ / | ｲ ､ ' ' ｨ ヽ \ ﾚ ｰ ' ' ﾉ ｀ / | ｲ ､ ' ' ｨ ヽ
｀ / | ｲ ､ ' ' ｨ ヽ \ ﾚ ｰ ' ' ﾉ ｀ / | ｲ ､ ' ' ｨ ヽ \ ﾚ ｰ ' ' ﾉ ｀ / | ｲ ､
' ' ﾉ ｀ / | ｲ ､ ' ' ｨ ヽ \ ﾚ ｰ ' ' ﾉ ｀ / | ｲ ､ ' ' ｨ ヽ \ ﾚ ｰ ' ' ﾉ ｀ /
ヽ \ ﾚ ｰ ' ' ﾉ ｀ / | ｲ ､ ' ' ｨ ヽ \ ﾚ ｰ ' ' ﾉ ｀ / | ｲ ､ ' ' ｨ ヽ \ ﾚ ｰ '
' ' ｨ ヽ \ ﾚ ｰ ' ' ﾉ ｀ / | ｲ ､ ' ' ｨ ヽ \ ﾚ ｰ ' ' ﾉ ｀ / | ｲ ､ ' ' ｨ ヽ \
/ | ｲ ､ ' ' ｨ ヽ \ ﾚ ｰ ' ' ﾉ ｀ / | ｲ ､ ' ' ｨ ヽ \ ﾚ ｰ ' ' ﾉ ｀ / | ｲ ､ '
' ﾉ ｀ / | ｲ ､ ' ' ｨ ヽ \ ﾚ ｰ ' ' ﾉ ｀ / | ｲ ､ ' ' ｨ ヽ \ ﾚ ｰ ' ' ﾉ ｀ / |
\ ﾚ ｰ ' ' ﾉ ｀ / | ｲ ､ ' ' ｨ ヽ \ ﾚ ｰ ' ' ﾉ ｀ / | ｲ ､ ' ' ｨ ヽ \ ﾚ ｰ ' '
' ｨ ヽ \ ﾚ ｰ ' ' ﾉ ｀ / | ｲ ､ ' ' ｨ ヽ \ ﾚ ｰ ' ' ﾉ ｀ / | ｲ ､ ' ' ｨ ヽ \ ﾚ
| ｲ ､ ' ' ｨ ヽ \ ﾚ ｰ ' ' ﾉ ｀ / | ｲ ､ ' ' ｨ ヽ \ ﾚ ｰ ' ' ﾉ ｀ / | ｲ ､ ' '
ﾉ ｀ / | ｲ ､ ' ' ｨ ヽ \ ﾚ ｰ ' ' ﾉ ｀ / | ｲ ､ ' ' ｨ ヽ \ ﾚ ｰ ' ' ﾉ ｀ / | ｲ
ﾚ ｰ ' ' ﾉ ｀ / | ｲ ､ ' ' ｨ ヽ \ ﾚ ｰ ' ' ﾉ ｀ / | ｲ ､ ' ' ｨ ヽ \ ﾚ ｰ ' ' ﾉ
ｨ ヽ \ ﾚ ｰ ' ' ﾉ ｀ / | ｲ ､ ' ' ｨ ヽ \ ﾚ ｰ ' ' ﾉ ｀ / | ｲ ､ ' ' ｨ ヽ \ ﾚ ｰ
ｲ ､ ' ' ｨ ヽ \ ﾚ ｰ ' ' ﾉ ｀ / | ｲ ､ ' ' ｨ ヽ \ ﾚ ｰ ' ' ﾉ ｀ / | ｲ ､ ' ' ｨ

【秘书】
嗯。
4603 名前: 腐腐腐的代价の加藤恵けも 2015/02/20(五) 22:21:55.10 ID:F9uJUxmj
4604 名前: ◆DgEukJtar◆ 2015/02/20(五) 22:31:47.00 ID:g/ooVa7D
' ' ｨ ヽ \ ﾚ ｰ ' ' ﾉ ｀ / | ｲ ､ ' ' ｨ ヽ \ ﾚ ｰ ' ' ﾉ ｀ / | ｲ ､ ' ' ｨ ヽ \
| ｲ ､ ' ' ｨ ヽ \ ﾚ ｰ ' ' ﾉ ｀ / | ｲ ､ ' ' ｨ ヽ \ ﾚ ｰ ' ' ﾉ ｀ / | ｲ ､ ' '
' ﾉ ｀ / | ｲ ､ ' ' ｨ ヽ \ ﾚ ｰ ' ' ﾉ ｀ / | ｲ ､ ' ' ｨ ヽ \ ﾚ ｰ ' ' ﾉ ｀ / |
ﾚ ｰ ' ' ﾉ ｀ / | ｲ ､ ' ' ｨ ヽ \ ﾚ ｰ ' ' ﾉ ｀ / | ｲ ､ ' ' ｨ ヽ \ ﾚ ｰ ' ' ﾉ
' ｨ ヽ \ ﾚ ｰ ' ' ﾉ ｀ / | ｲ ､ ' ' ｨ ヽ \ ﾚ ｰ ' ' ﾉ ｀ / | ｲ ､ ' ' ｨ ヽ \ ﾚ
ｲ ､ ' ' ｨ ヽ \ ﾚ ｰ ' ' ﾉ ｀ / | ｲ ､ ' ' ｨ ヽ \ ﾚ ｰ ' ' ﾉ ｀ / | ｲ ､ ' ' ｨ
ﾉ ｀ / | ｲ ､ ' ' ｨ ヽ \ ﾚ ｰ ' ' ﾉ ｀ / | ｲ ､ ' ' ｨ ヽ \ ﾚ ｰ ' ' ﾉ ｀ / | ｲ
ｰ ' ' ﾉ ｀ / | ｲ ､ ' ' ｨ ヽ \ ﾚ ｰ ' ' ﾉ ｀ / | ｲ ､ ' ' ｨ ヽ \ ﾚ ｰ ' ' ﾉ ｀
ｨ ヽ \ ﾚ ｰ ' ' ﾉ ｀ / | ｲ ､ ' ' ｨ ヽ \ ﾚ ｰ ' ' ﾉ ｀ / | ｲ ､ ' ' ｨ ヽ \ ﾚ ｰ
､ ' ' ｨ ヽ \ ﾚ ｰ ' ' ﾉ ｀ / | ｲ ､ ' ' ｨ ヽ \ ﾚ ｰ ' ' ﾉ ｀ / | ｲ ､ ' ' ｨ ヽ
｀ / | ｲ ､ ' ' ｨ ヽ \ ﾚ ｰ ' ' ﾉ ｀ / | ｲ ､ ' ' ｨ ヽ \ ﾚ ｰ ' ' ﾉ ｀ / | ｲ ､
' ' ﾉ ｀ / | ｲ ､ ' ' ｨ ヽ \ ﾚ ｰ ' ' ﾉ ｀ / | ｲ ､ ' ' ｨ ヽ \ ﾚ ｰ ' ' ﾉ ｀ /
ヽ \ ﾚ ｰ ' ' ﾉ ｀ / | ｲ ､ ' ' ｨ ヽ \ ﾚ ｰ ' ' ﾉ ｀ / | ｲ ､ ' ' ｨ ヽ \ ﾚ ｰ '
' ' ｨ ヽ \ ﾚ ｰ ' ' ﾉ ｀ / | ｲ ､ ' ' ｨ ヽ \ ﾚ ｰ ' ' ﾉ ｀ / | ｲ ､ ' ' ｨ ヽ \
/ | ｲ ､ ' ' ｨ ヽ \ ﾚ ｰ ' ' ﾉ ｀ / | ｲ ､ ' ' ｨ ヽ \ ﾚ ｰ ' ' ﾉ ｀ / | ｲ ､ '
' ﾉ ｀ / | ｲ ､ ' ' ｨ ヽ \ ﾚ ｰ ' ' ﾉ ｀ / | ｲ ､ ' ' ｨ ヽ \ ﾚ ｰ ' ' ﾉ ｀ / |
\ ﾚ ｰ ' ' ﾉ ｀ / | ｲ ､ ' ' ｨ ヽ \ ﾚ ｰ ' ' ﾉ ｀ / | ｲ ､ ' ' ｨ ヽ \ ﾚ ｰ ' '
' ｨ ヽ \ ﾚ ｰ ' ' ﾉ ｀ / | ｲ ､ ' ' ｨ ヽ \ ﾚ ｰ ' ' ﾉ ｀ / | ｲ ､ ' ' ｨ ヽ \ ﾚ
| ｲ ､ ' ' ｨ ヽ \ ﾚ ｰ ' ' ﾉ ｀ / | ｲ ､ ' ' ｨ ヽ \ ﾚ ｰ ' ' ﾉ ｀ / | ｲ ､ ' '
ﾉ ｀ / | ｲ ､ ' ' ｨ ヽ \ ﾚ ｰ ' ' ﾉ ｀ / | ｲ ､ ' ' ｨ ヽ \ ﾚ ｰ ' ' ﾉ ｀ / | ｲ
ﾚ ｰ ' ' ﾉ ｀ / | ｲ ､ ' ' ｨ ヽ \ ﾚ ｰ ' ' ﾉ ｀ / | ｲ ､ ' ' ｨ ヽ \ ﾚ ｰ ' ' ﾉ
ｨ ヽ \ ﾚ ｰ ' ' ﾉ ｀ / | ｲ ､ ' ' ｨ ヽ \ ﾚ ｰ ' ' ﾉ ｀ / | ｲ ､ ' ' ｨ ヽ \ ﾚ ｰ
ｲ ､ ' ' ｨ ヽ \ ﾚ ｰ ' ' ﾉ ｀ / | ｲ ､ ' ' ｨ ヽ \ ﾚ ｰ ' ' ﾉ ｀ / | ｲ ､ ' ' ｨ
｀ / | ｲ ､ ' ' ｨ ヽ \ ﾚ ｰ ' ' ﾉ ｀ / | ｲ ､ ' ' ｨ ヽ \ ﾚ ｰ ' ' ﾉ ｀ / | ｲ ､
ｰ ' ' ﾉ ｀ / | ｲ ､ ' ' ｨ ヽ \ ﾚ ｰ ' ' ﾉ ｀ / | ｲ ､ ' ' ｨ ヽ \ ﾚ ｰ ' ' ﾉ ｀
ヽ \ ﾚ ｰ ' ' ﾉ ｀ / | ｲ ､ ' ' ｨ ヽ \ ﾚ ｰ ' ' ﾉ ｀ / | ｲ ､ ' ' ｨ ヽ \ ﾚ ｰ '
､ ' ' ｨ ヽ \ ﾚ ｰ ' ' ﾉ ｀ / | ｲ ､ ' ' ｨ ヽ \ ﾚ ｰ ' ' ﾉ ｀ / | ｲ ､ ' ' ｨ ヽ
/ | ｲ ､ ' ' ｨ ヽ \ ﾚ ｰ ' ' ﾉ ｀ / | ｲ ､ ' ' ｨ ヽ \ ﾚ ｰ ' ' ﾉ ｀ / | ｲ ､ '
' ' ﾉ ｀ / | ｲ ､ ' ' ｨ ヽ \ ﾚ ｰ ' ' ﾉ ｀ / | ｲ ､ ' ' ｨ ヽ \ ﾚ ｰ ' ' ﾉ ｀ /
\ ﾚ ｰ ' ' ﾉ ｀ / | ｲ ､ ' ' ｨ ヽ \ ﾚ ｰ ' ' ﾉ ｀ / | ｲ ､ ' ' ｨ ヽ \ ﾚ ｰ ' '
' ' ｨ ヽ \ ﾚ ｰ ' ' ﾉ ｀ / | ｲ ､ ' ' ｨ ヽ \ ﾚ ｰ ' ' ﾉ ｀ / | ｲ ､ ' ' ｨ ヽ \
| ｲ ､ ' ' ｨ ヽ \ ﾚ ｰ ' ' ﾉ ｀ / | ｲ ､ ' ' ｨ ヽ \ ﾚ ｰ ' ' ﾉ ｀ / | ｲ ､ ' '
' ﾉ ｀ / | ｲ ､ ' ' ｨ ヽ \ ﾚ ｰ ' ' ﾉ ｀ / | ｲ ､ ' ' ｨ ヽ \ ﾚ ｰ ' ' ﾉ ｀ / |

【秘书】
……
ｰ ' ' ﾉ ｀ / | ｲ ､ ' ' ｨ ヽ \ ﾚ ｰ ' ' ﾉ ｀ / | ｲ ､ ' ' ｨ ヽ \ ﾚ ｰ ' ' ﾉ ｀
ｨ ヽ \ ﾚ ｰ ' ' ﾉ ｀ / | ｲ ､ ' ' ｨ ヽ \ ﾚ ｰ ' ' ﾉ ｀ / | ｲ ､ ' ' ｨ ヽ \ ﾚ ｰ
､ ' ' ｨ ヽ \ ﾚ ｰ ' ' ﾉ ｀ / | ｲ ､ ' ' ｨ ヽ \ ﾚ ｰ ' ' ﾉ ｀ / | ｲ ､ ' ' ｨ ヽ
｀ / | ｲ ､ ' ' ｨ ヽ \ ﾚ ｰ ' ' ﾉ ｀ / | ｲ ､ ' ' ｨ ヽ \ ﾚ ｰ ' ' ﾉ ｀ / | ｲ ､
' ' ﾉ ｀ / | ｲ ､ ' ' ｨ ヽ \ ﾚ ｰ ' ' ﾉ ｀ / | ｲ ､ ' ' ｨ ヽ \ ﾚ ｰ ' ' ﾉ ｀ /
ヽ \ ﾚ ｰ ' ' ﾉ ｀ / | ｲ ､ ' ' ｨ ヽ \ ﾚ ｰ ' ' ﾉ ｀ / | ｲ ､ ' ' ｨ ヽ \ ﾚ ｰ '
' ' ｨ ヽ \ ﾚ ｰ ' ' ﾉ ｀ / | ｲ ､ ' ' ｨ ヽ \ ﾚ ｰ ' ' ﾉ ｀ / | ｲ ､ ' ' ｨ ヽ \
/ | ｲ ､ ' ' ｨ ヽ \ ﾚ ｰ ' ' ﾉ ｀ / | ｲ ､ ' ' ｨ ヽ \ ﾚ ｰ ' ' ﾉ ｀ / | ｲ ､ '
' ﾉ ｀ / | ｲ ､ ' ' ｨ ヽ \ ﾚ ｰ ' ' ﾉ ｀ / | ｲ ､ ' ' ｨ ヽ \ ﾚ ｰ ' ' ﾉ ｀ / |
\ ﾚ ｰ ' ' ﾉ ｀ / | ｲ ､ ' ' ｨ ヽ \ ﾚ ｰ ' ' ﾉ ｀ / | ｲ ､ ' ' ｨ ヽ \ ﾚ ｰ ' '
' ｨ ヽ \ ﾚ ｰ ' ' ﾉ ｀ / | ｲ ､ ' ' ｨ ヽ \ ﾚ ｰ ' ' ﾉ ｀ / | ｲ ､ ' ' ｨ ヽ \ ﾚ
| ｲ ､ ' ' ｨ ヽ \ ﾚ ｰ ' ' ﾉ ｀ / | ｲ ､ ' ' ｨ ヽ \ ﾚ ｰ ' ' ﾉ ｀ / | ｲ ､ ' '
ﾉ ｀ / | ｲ ､ ' ' ｨ ヽ \ ﾚ ｰ ' ' ﾉ ｀ / | ｲ ､ ' ' ｨ ヽ \ ﾚ ｰ ' ' ﾉ ｀ / | ｲ
ﾚ ｰ ' ' ﾉ ｀ / | ｲ ､ ' ' ｨ ヽ \ ﾚ ｰ ' ' ﾉ ｀ / | ｲ ､ ' ' ｨ ヽ \ ﾚ ｰ ' ' ﾉ
ｨ ヽ \ ﾚ ｰ ' ' ﾉ ｀ / | ｲ ､ ' ' ｨ ヽ \ ﾚ ｰ ' ' ﾉ ｀ / | ｲ ､ ' ' ｨ ヽ \ ﾚ ｰ
ｲ ､ ' ' ｨ ヽ \ ﾚ ｰ ' ' ﾉ ｀ / | ｲ ､ ' ' ｨ ヽ \ ﾚ ｰ ' ' ﾉ ｀ / | ｲ ､ ' ' ｨ
｀ / | ｲ ､ ' ' ｨ ヽ \ ﾚ ｰ ' ' ﾉ ｀ / | ｲ ､ ' ' ｨ ヽ \ ﾚ ｰ ' ' ﾉ ｀ / | ｲ ､
ｰ ' ' ﾉ ｀ / | ｲ ､ ' ' ｨ ヽ \ ﾚ ｰ ' ' ﾉ ｀ / | ｲ ､ ' ' ｨ ヽ \ ﾚ ｰ ' ' ﾉ ｀
ヽ \ ﾚ ｰ ' ' ﾉ ｀ / | ｲ ､ ' ' ｨ ヽ \ ﾚ ｰ ' ' ﾉ ｀ / | ｲ ､ ' ' ｨ ヽ \ ﾚ ｰ '
､ ' ' ｨ ヽ \ ﾚ ｰ ' ' ﾉ ｀ / | ｲ ､ ' ' ｨ ヽ \ ﾚ ｰ ' ' ﾉ ｀ / | ｲ ､ ' ' ｨ ヽ
/ | ｲ ､ ' ' ｨ ヽ \ ﾚ ｰ ' ' ﾉ ｀ / | ｲ ､ ' ' ｨ ヽ \ ﾚ ｰ ' ' ﾉ ｀ / | ｲ ､ '
' ' ﾉ ｀ / | ｲ ､ ' ' ｨ ヽ \ ﾚ ｰ ' ' ﾉ ｀ / | ｲ ､ ' ' ｨ ヽ \ ﾚ ｰ ' ' ﾉ ｀ /
\ ﾚ ｰ ' ' ﾉ ｀ / | ｲ ､ ' ' ｨ ヽ \ ﾚ ｰ ' ' ﾉ ｀ / | ｲ ､ ' ' ｨ ヽ \ ﾚ ｰ ' '
' ' ｨ ヽ \ ﾚ ｰ ' ' ﾉ ｀ / | ｲ ､ ' ' ｨ ヽ \ ﾚ ｰ ' ' ﾉ ｀ / | ｲ ､ ' ' ｨ ヽ \
| ｲ ､ ' ' ｨ ヽ \ ﾚ ｰ ' ' ﾉ ｀ / | ｲ ､ ' ' ｨ ヽ \ ﾚ ｰ ' ' ﾉ ｀ / | ｲ ､ ' '
' ﾉ ｀ / | ｲ ､ ' ' ｨ ヽ \ ﾚ ｰ ' ' ﾉ ｀ / | ｲ ､ ' ' ｨ ヽ \ ﾚ ｰ ' ' ﾉ ｀ / |
ﾚ ｰ ' ' ﾉ ｀ / | ｲ ､ ' ' ｨ ヽ \ ﾚ ｰ ' ' ﾉ ｀ / | ｲ ､ ' ' ｨ ヽ \ ﾚ ｰ ' ' ﾉ
' ｨ ヽ \ ﾚ ｰ ' ' ﾉ ｀ / | ｲ ､ ' ' ｨ ヽ \ ﾚ ｰ ' ' ﾉ ｀ / | ｲ ､ ' ' ｨ ヽ \ ﾚ
ｲ ､ ' ' ｨ ヽ \ ﾚ ｰ ' ' ﾉ ｀ / | ｲ ､ ' ' ｨ ヽ \ ﾚ ｰ ' ' ﾉ ｀ / | ｲ ､ ' ' ｨ
ﾉ ｀ / | ｲ ､ ' ' ｨ ヽ \ ﾚ ｰ ' ' ﾉ ｀ / | ｲ ､ ' ' ｨ ヽ \ ﾚ ｰ ' ' ﾉ ｀ / | ｲ
ｰ ' ' ﾉ ｀ / | ｲ ､ ' ' ｨ ヽ \ ﾚ ｰ ' ' ﾉ ｀ / | ｲ ､ ' ' ｨ ヽ \ ﾚ ｰ ' ' ﾉ ｀
ｨ ヽ \ ﾚ ｰ ' ' ﾉ ｀ / | ｲ ､ ' ' ｨ ヽ \ ﾚ ｰ ' ' ﾉ ｀ / | ｲ ､ ' ' ｨ ヽ \ ﾚ ｰ
､ ' ' ｨ ヽ \ ﾚ ｰ ' ' ﾉ ｀ / | ｲ ､ ' ' ｨ ヽ \ ﾚ ｰ ' ' ﾉ ｀ / | ｲ ､ ' ' ｨ ヽ
｀ / | ｲ ､ ' ' ｨ ヽ \ ﾚ ｰ ' ' ﾉ ｀ / | ｲ ､ ' ' ｨ ヽ \ ﾚ ｰ ' ' ﾉ ｀ / | ｲ ､
' ' ﾉ ｀ / | ｲ ､ ' ' ｨ ヽ \ ﾚ ｰ ' ' ﾉ ｀ / | ｲ ､ ' ' ｨ ヽ \ ﾚ ｰ ' ' ﾉ ｀ /
ヽ \ ﾚ ｰ ' ' ﾉ ｀ / | ｲ ､ ' ' ｨ ヽ \ ﾚ ｰ ' ' ﾉ ｀ / | ｲ ､ ' ' ｨ ヽ \ ﾚ ｰ '
' ' ｨ ヽ \ ﾚ ｰ ' ' ﾉ ｀ / | ｲ ､ ' ' ｨ ヽ \ ﾚ ｰ ' ' ﾉ ｀ / | ｲ ､ ' ' ｨ ヽ \
/ | ｲ ､ ' ' ｨ ヽ \ ﾚ ｰ ' ' ﾉ ｀ / | ｲ ､ ' ' ｨ ヽ \ ﾚ ｰ ' ' ﾉ ｀ / | ｲ ､ '

4605 名前: 腐腐腐的代价の加藤恵けも 2015/02/20(五) 22:38:02.37 ID:4nUQ5Ek2
4606 名前: ◆DgEukJtar◆ 2015/02/20(五) 22:44:30.00 ID:g/ooVa7D
/ | ｲ ､ ' ' ｨ ヽ \ ﾚ ｰ ' ' ﾉ ｀ / | ｲ ､ ' ' ｨ ヽ \ ﾚ ｰ ' ' ﾉ ｀ / | ｲ ､ '
' ﾉ ｀ / | ｲ ､ ' ' ｨ ヽ \ ﾚ ｰ ' ' ﾉ ｀ / | ｲ ､ ' ' ｨ ヽ \ ﾚ ｰ ' ' ﾉ ｀ / |
\ ﾚ ｰ ' ' ﾉ ｀ / | ｲ ､ ' ' ｨ ヽ \ ﾚ ｰ ' ' ﾉ ｀ / | ｲ ､ ' ' ｨ ヽ \ ﾚ ｰ ' '
' ｨ ヽ \ ﾚ ｰ ' ' ﾉ ｀ / | ｲ ､ ' ' ｨ ヽ \ ﾚ ｰ ' ' ﾉ ｀ / | ｲ ､ ' ' ｨ ヽ \ ﾚ
| ｲ ､ ' ' ｨ ヽ \ ﾚ ｰ ' ' ﾉ ｀ / | ｲ ､ ' ' ｨ ヽ \ ﾚ ｰ ' ' ﾉ ｀ / | ｲ ､ ' '
ﾉ ｀ / | ｲ ､ ' ' ｨ ヽ \ ﾚ ｰ ' ' ﾉ ｀ / | ｲ ､ ' ' ｨ ヽ \ ﾚ ｰ ' ' ﾉ ｀ / | ｲ
ﾚ ｰ ' ' ﾉ ｀ / | ｲ ､ ' ' ｨ ヽ \ ﾚ ｰ ' ' ﾉ ｀ / | ｲ ､ ' ' ｨ ヽ \ ﾚ ｰ ' ' ﾉ
ｨ ヽ \ ﾚ ｰ ' ' ﾉ ｀ / | ｲ ､ ' ' ｨ ヽ \ ﾚ ｰ ' ' ﾉ ｀ / | ｲ ､ ' ' ｨ ヽ \ ﾚ ｰ
ｲ ､ ' ' ｨ ヽ \ ﾚ ｰ ' ' ﾉ ｀ / | ｲ ､ ' ' ｨ ヽ \ ﾚ ｰ ' ' ﾉ ｀ / | ｲ ､ ' ' ｨ
｀ / | ｲ ､ ' ' ｨ ヽ \ ﾚ ｰ ' ' ﾉ ｀ / | ｲ ､ ' ' ｨ ヽ \ ﾚ ｰ ' ' ﾉ ｀ / | ｲ ､
ｰ ' ' ﾉ ｀ / | ｲ ､ ' ' ｨ ヽ \ ﾚ ｰ ' ' ﾉ ｀ / | ｲ ､ ' ' ｨ ヽ \ ﾚ ｰ ' ' ﾉ ｀
ヽ \ ﾚ ｰ ' ' ﾉ ｀ / | ｲ ､ ' ' ｨ ヽ \ ﾚ ｰ ' ' ﾉ ｀ / | ｲ ､ ' ' ｨ ヽ \ ﾚ ｰ '
､ ' ' ｨ ヽ \ ﾚ ｰ ' ' ﾉ ｀ / | ｲ ､ ' ' ｨ ヽ \ ﾚ ｰ ' ' ﾉ ｀ / | ｲ ､ ' ' ｨ ヽ
/ | ｲ ､ ' ' ｨ ヽ \ ﾚ ｰ ' ' ﾉ ｀ / | ｲ ､ ' ' ｨ ヽ \ ﾚ ｰ ' ' ﾉ ｀ / | ｲ ､ '
' ' ﾉ ｀ / | ｲ ､ ' ' ｨ ヽ \ ﾚ ｰ ' ' ﾉ ｀ / | ｲ ､ ' ' ｨ ヽ \ ﾚ ｰ ' ' ﾉ ｀ /
\ ﾚ ｰ ' ' ﾉ ｀ / | ｲ ､ ' ' ｨ ヽ \ ﾚ ｰ ' ' ﾉ ｀ / | ｲ ､ ' ' ｨ ヽ \ ﾚ ｰ ' '
' ' ｨ ヽ \ ﾚ ｰ ' ' ﾉ ｀ / | ｲ ､ ' ' ｨ ヽ \ ﾚ ｰ ' ' ﾉ ｀ / | ｲ ､ ' ' ｨ ヽ \
| ｲ ､ ' ' ｨ ヽ \ ﾚ ｰ ' ' ﾉ ｀ / | ｲ ､ ' ' ｨ ヽ \ ﾚ ｰ ' ' ﾉ ｀ / | ｲ ､ ' '
' ﾉ ｀ / | ｲ ､ ' ' ｨ ヽ \ ﾚ ｰ ' ' ﾉ ｀ / | ｲ ､ ' ' ｨ ヽ \ ﾚ ｰ ' ' ﾉ ｀ / |
ﾚ ｰ ' ' ﾉ ｀ / | ｲ ､ ' ' ｨ ヽ \ ﾚ ｰ ' ' ﾉ ｀ / | ｲ ､ ' ' ｨ ヽ \ ﾚ ｰ ' ' ﾉ
' ｨ ヽ \ ﾚ ｰ ' ' ﾉ ｀ / | ｲ ､ ' ' ｨ ヽ \ ﾚ ｰ ' ' ﾉ ｀ / | ｲ ､ ' ' ｨ ヽ \ ﾚ
ｲ ､ ' ' ｨ ヽ \ ﾚ ｰ ' ' ﾉ ｀ / | ｲ ､ ' ' ｨ ヽ \ ﾚ ｰ ' ' ﾉ ｀ / | ｲ ､ ' ' ｨ
ﾉ ｀ / | ｲ ､ ' ' ｨ ヽ \ ﾚ ｰ ' ' ﾉ ｀ / | ｲ ､ ' ' ｨ ヽ \ ﾚ ｰ ' ' ﾉ ｀ / | ｲ
ｰ ' ' ﾉ ｀ / | ｲ ､ ' ' ｨ ヽ \ ﾚ ｰ ' ' ﾉ ｀ / | ｲ ､ ' ' ｨ ヽ \ ﾚ ｰ ' ' ﾉ ｀
ｨ ヽ \ ﾚ ｰ ' ' ﾉ ｀ / | ｲ ､ ' ' ｨ ヽ \ ﾚ ｰ ' ' ﾉ ｀ / | ｲ ､ ' ' ｨ ヽ \ ﾚ ｰ
､ ' ' ｨ ヽ \ ﾚ ｰ ' ' ﾉ ｀ / | ｲ ､ ' ' ｨ ヽ \ ﾚ ｰ ' ' ﾉ ｀ / | ｲ ､ ' ' ｨ ヽ
｀ / | ｲ ､ ' ' ｨ ヽ \ ﾚ ｰ ' ' ﾉ ｀ / | ｲ ､ ' ' ｨ ヽ \ ﾚ ｰ ' ' ﾉ ｀ / | ｲ ､
' ' ﾉ ｀ / | ｲ ､ ' ' ｨ ヽ \ ﾚ ｰ ' ' ﾉ ｀ / | ｲ ､ ' ' ｨ ヽ \ ﾚ ｰ ' ' ﾉ ｀ /
ヽ \ ﾚ ｰ ' ' ﾉ ｀ / | ｲ ､ ' ' ｨ ヽ \ ﾚ ｰ ' ' ﾉ ｀ / | ｲ ､ ' ' ｨ ヽ \ ﾚ ｰ '
' ' ｨ ヽ \ ﾚ ｰ ' ' ﾉ ｀ / | ｲ ､ ' ' ｨ ヽ \ ﾚ ｰ ' ' ﾉ ｀ / | ｲ ､ ' ' ｨ ヽ \

【书记】
……！
ｨ ヽ \ ﾚ ｰ ' ' ﾉ ｀ / | ｲ ､ ' ' ｨ ヽ \ ﾚ ｰ ' ' ﾉ ｀ / | ｲ ､ ' ' ｨ ヽ \ ﾚ ｰ
ｲ ､ ' ' ｨ ヽ \ ﾚ ｰ ' ' ﾉ ｀ / | ｲ ､ ' ' ｨ ヽ \ ﾚ ｰ ' ' ﾉ ｀ / | ｲ ､ ' ' ｨ
｀ / | ｲ ､ ' ' ｨ ヽ \ ﾚ ｰ ' ' ﾉ ｀ / | ｲ ､ ' ' ｨ ヽ \ ﾚ ｰ ' ' ﾉ ｀ / | ｲ ､
ｰ ' ' ﾉ ｀ / | ｲ ､ ' ' ｨ ヽ \ ﾚ ｰ ' ' ﾉ ｀ / | ｲ ､ ' ' ｨ ヽ \ ﾚ ｰ ' ' ﾉ ｀
ヽ \ ﾚ ｰ ' ' ﾉ ｀ / | ｲ ､ ' ' ｨ ヽ \ ﾚ ｰ ' ' ﾉ ｀ / | ｲ ､ ' ' ｨ ヽ \ ﾚ ｰ '
､ ' ' ｨ ヽ \ ﾚ ｰ ' ' ﾉ ｀ / | ｲ ､ ' ' ｨ ヽ \ ﾚ ｰ ' ' ﾉ ｀ / | ｲ ､ ' ' ｨ ヽ
/ | ｲ ､ ' ' ｨ ヽ \ ﾚ ｰ ' ' ﾉ ｀ / | ｲ ､ ' ' ｨ ヽ \ ﾚ ｰ ' ' ﾉ ｀ / | ｲ ､ '
' ' ﾉ ｀ / | ｲ ､ ' ' ｨ ヽ \ ﾚ ｰ ' ' ﾉ ｀ / | ｲ ､ ' ' ｨ ヽ \ ﾚ ｰ ' ' ﾉ ｀ /
\ ﾚ ｰ ' ' ﾉ ｀ / | ｲ ､ ' ' ｨ ヽ \ ﾚ ｰ ' ' ﾉ ｀ / | ｲ ､ ' ' ｨ ヽ \ ﾚ ｰ ' '
' ' ｨ ヽ \ ﾚ ｰ ' ' ﾉ ｀ / | ｲ ､ ' ' ｨ ヽ \ ﾚ ｰ ' ' ﾉ ｀ / | ｲ ､ ' ' ｨ ヽ \
| ｲ ､ ' ' ｨ ヽ \ ﾚ ｰ ' ' ﾉ ｀ / | ｲ ､ ' ' ｨ ヽ \ ﾚ ｰ ' ' ﾉ ｀ / | ｲ ､ ' '
' ﾉ ｀ / | ｲ ､ ' ' ｨ ヽ \ ﾚ ｰ ' ' ﾉ ｀ / | ｲ ､ ' ' ｨ ヽ \ ﾚ ｰ ' ' ﾉ ｀ / |
ﾚ ｰ ' ' ﾉ ｀ / | ｲ ､ ' ' ｨ ヽ \ ﾚ ｰ ' ' ﾉ ｀ / | ｲ ､ ' ' ｨ ヽ \ ﾚ ｰ ' ' ﾉ
' ｨ ヽ \ ﾚ ｰ ' ' ﾉ ｀ / | ｲ ､ ' ' ｨ ヽ \ ﾚ ｰ ' ' ﾉ ｀ / | ｲ ､ ' ' ｨ ヽ \ ﾚ
ｲ ､ ' ' ｨ ヽ \ ﾚ ｰ ' ' ﾉ ｀ / | ｲ ､ ' ' ｨ ヽ \ ﾚ ｰ ' ' ﾉ ｀ / | ｲ ､ ' ' ｨ
ﾉ ｀ / | ｲ ､ ' ' ｨ ヽ \ ﾚ ｰ ' ' ﾉ ｀ / | ｲ ､ ' ' ｨ ヽ \ ﾚ ｰ ' ' ﾉ ｀ / | ｲ
ｰ ' ' ﾉ ｀ / | ｲ ､ ' ' ｨ ヽ \ ﾚ ｰ ' ' ﾉ ｀ / | ｲ ､ ' ' ｨ ヽ \ ﾚ ｰ ' ' ﾉ ｀
ｨ ヽ \ ﾚ ｰ ' ' ﾉ ｀ / | ｲ ､ ' ' ｨ ヽ \ ﾚ ｰ ' ' ﾉ ｀ / | ｲ ､ ' ' ｨ ヽ \ ﾚ ｰ
､ ' ' ｨ ヽ \ ﾚ ｰ ' ' ﾉ ｀ / | ｲ ､ ' ' ｨ ヽ \ ﾚ ｰ ' ' ﾉ ｀ / | ｲ ､ ' ' ｨ ヽ
｀ / | ｲ ､ ' ' ｨ ヽ \ ﾚ ｰ ' ' ﾉ ｀ / | ｲ ､ ' ' ｨ ヽ \ ﾚ ｰ ' ' ﾉ ｀ / | ｲ ､
' ' ﾉ ｀ / | ｲ ､ ' ' ｨ ヽ \ ﾚ ｰ ' ' ﾉ ｀ / | ｲ ､ ' ' ｨ ヽ \ ﾚ ｰ ' ' ﾉ ｀ /
ヽ \ ﾚ ｰ ' ' ﾉ ｀ / | ｲ ､ ' ' ｨ ヽ \ ﾚ ｰ ' ' ﾉ ｀ / | ｲ ､ ' ' ｨ ヽ \ ﾚ ｰ '
' ' ｨ ヽ \ ﾚ ｰ ' ' ﾉ ｀ / | ｲ ､ ' ' ｨ ヽ \ ﾚ ｰ ' ' ﾉ ｀ / | ｲ ､ ' ' ｨ ヽ \
/ | ｲ ､ ' ' ｨ ヽ \ ﾚ ｰ ' ' ﾉ ｀ / | ｲ ､ ' ' ｨ ヽ \ ﾚ ｰ ' ' ﾉ ｀ / | ｲ ､ '
' ﾉ ｀ / | ｲ ､ ' ' ｨ ヽ \ ﾚ ｰ ' ' ﾉ ｀ / | ｲ ､ ' ' ｨ ヽ \ ﾚ ｰ ' ' ﾉ ｀ / |
\ ﾚ ｰ ' ' ﾉ ｀ / | ｲ ､ ' ' ｨ ヽ \ ﾚ ｰ ' ' ﾉ ｀ / | ｲ ､ ' ' ｨ ヽ \ ﾚ ｰ ' '
' ｨ ヽ \ ﾚ ｰ ' ' ﾉ ｀ / | ｲ ､ ' ' ｨ ヽ \ ﾚ ｰ ' ' ﾉ ｀ / | ｲ ､ ' ' ｨ ヽ \ ﾚ
| ｲ ､ ' ' ｨ ヽ \ ﾚ ｰ ' ' ﾉ ｀ / | ｲ ､ ' ' ｨ ヽ \ ﾚ ｰ ' ' ﾉ ｀ / | ｲ ､ ' '
ﾉ ｀ / | ｲ ､ ' ' ｨ ヽ \ ﾚ ｰ ' ' ﾉ ｀ / | ｲ ､ ' ' ｨ ヽ \ ﾚ ｰ ' ' ﾉ ｀ / | ｲ
ﾚ ｰ ' ' ﾉ ｀ / | ｲ ､ ' ' ｨ ヽ \ ﾚ ｰ ' ' ﾉ ｀ / | ｲ ､ ' ' ｨ ヽ \ ﾚ ｰ ' ' ﾉ
ｨ ヽ \ ﾚ ｰ ' ' ﾉ ｀ / | ｲ ､ ' ' ｨ ヽ \ ﾚ ｰ ' ' ﾉ ｀ / | ｲ ､ ' ' ｨ ヽ \ ﾚ ｰ
ｲ ､ ' ' ｨ ヽ \ ﾚ ｰ ' ' ﾉ ｀ / | ｲ ､ ' ' ｨ ヽ \ ﾚ ｰ ' ' ﾉ ｀ / | ｲ ､ ' ' ｨ
｀ / | ｲ ､ ' ' ｨ ヽ \ ﾚ ｰ ' ' ﾉ ｀ / | ｲ ､ ' ' ｨ ヽ \ ﾚ ｰ ' ' ﾉ ｀ / | ｲ ､

【秘书】
就这样。
4607 名前: 腐腐腐的代价の加藤恵けも 2015/02/20(五) 22:51:16.64 ID:F9uJUxmj
4608 名前: ◆DgEukJtar◆ 2015/02/20(五) 23:02:41.00 ID:g/ooVa7D
' ' ﾉ ｀ / | ｲ ､ ' ' ｨ ヽ \ ﾚ ｰ ' ' ﾉ ｀ / | ｲ ､ ' ' ｨ ヽ \ ﾚ ｰ ' ' ﾉ ｀ /
\ ﾚ ｰ ' ' ﾉ ｀ / | ｲ ､ ' ' ｨ ヽ \ ﾚ ｰ ' ' ﾉ ｀ / | ｲ ､ ' ' ｨ ヽ \ ﾚ ｰ ' '
' ' ｨ ヽ \ ﾚ ｰ ' ' ﾉ ｀ / | ｲ ､ ' ' ｨ ヽ \ ﾚ ｰ ' ' ﾉ ｀ / | ｲ ､ ' ' ｨ ヽ \
| ｲ ､ ' ' ｨ ヽ \ ﾚ ｰ ' ' ﾉ ｀ / | ｲ ､ ' ' ｨ ヽ \ ﾚ ｰ ' ' ﾉ ｀ / | ｲ ､ ' '
' ﾉ ｀ / | ｲ ､ ' ' ｨ ヽ \ ﾚ ｰ ' ' ﾉ ｀ / | ｲ ､ ' ' ｨ ヽ \ ﾚ ｰ ' ' ﾉ ｀ / |
ﾚ ｰ ' ' ﾉ ｀ / | ｲ ､ ' ' ｨ ヽ \ ﾚ ｰ ' ' ﾉ ｀ / | ｲ ､ ' ' ｨ ヽ \ ﾚ ｰ ' ' ﾉ
' ｨ ヽ \ ﾚ ｰ ' ' ﾉ ｀ / | ｲ ､ ' ' ｨ ヽ \ ﾚ ｰ ' ' ﾉ ｀ / | ｲ ､ ' ' ｨ ヽ \ ﾚ
ｲ ､ ' ' ｨ ヽ \ ﾚ ｰ ' ' ﾉ ｀ / | ｲ ､ ' ' ｨ ヽ \ ﾚ ｰ ' ' ﾉ ｀ / | ｲ ､ ' ' ｨ
ﾉ ｀ / | ｲ ､ ' ' ｨ ヽ \ ﾚ ｰ ' ' ﾉ ｀ / | ｲ ､ ' ' ｨ ヽ \ ﾚ ｰ ' ' ﾉ ｀ / | ｲ
ｰ ' ' ﾉ ｀ / | ｲ ､ ' ' ｨ ヽ \ ﾚ ｰ ' ' ﾉ ｀ / | ｲ ､ ' ' ｨ ヽ \ ﾚ ｰ ' ' ﾉ ｀
ｨ ヽ \ ﾚ ｰ ' ' ﾉ ｀ / | ｲ ､ ' ' ｨ ヽ \ ﾚ ｰ ' ' ﾉ ｀ / | ｲ ､ ' ' ｨ ヽ \ ﾚ ｰ
､ ' ' ｨ ヽ \ ﾚ ｰ ' ' ﾉ ｀ / | ｲ ､ ' ' ｨ ヽ \ ﾚ ｰ ' ' ﾉ ｀ / | ｲ ､ ' ' ｨ ヽ
｀ / | ｲ ､ ' ' ｨ ヽ \ ﾚ ｰ ' ' ﾉ ｀ / | ｲ ､ ' ' ｨ ヽ \ ﾚ ｰ ' ' ﾉ ｀ / | ｲ ､
' ' ﾉ ｀ / | ｲ ､ ' ' ｨ ヽ \ ﾚ ｰ ' ' ﾉ ｀ / | ｲ ､ ' ' ｨ ヽ \ ﾚ ｰ ' ' ﾉ ｀ /
ヽ \ ﾚ ｰ ' ' ﾉ ｀ / | ｲ ､ ' ' ｨ ヽ \ ﾚ ｰ ' ' ﾉ ｀ / | ｲ ､ ' ' ｨ ヽ \ ﾚ ｰ '
' ' ｨ ヽ \ ﾚ ｰ ' ' ﾉ ｀ / | ｲ ､ ' ' ｨ ヽ \ ﾚ ｰ ' ' ﾉ ｀ / | ｲ ､ ' ' ｨ ヽ \
/ | ｲ ､ ' ' ｨ ヽ \ ﾚ ｰ ' ' ﾉ ｀ / | ｲ ､ ' ' ｨ ヽ \ ﾚ ｰ ' ' ﾉ ｀ / | ｲ ､ '
' ﾉ ｀ / | ｲ ､ ' ' ｨ ヽ \ ﾚ ｰ ' ' ﾉ ｀ / | ｲ ､ ' ' ｨ ヽ \ ﾚ ｰ ' ' ﾉ ｀ / |
\ ﾚ ｰ ' ' ﾉ ｀ / | ｲ ､ ' ' ｨ ヽ \ ﾚ ｰ ' ' ﾉ ｀ / | ｲ ､ ' ' ｨ ヽ \ ﾚ ｰ ' '
' ｨ ヽ \ ﾚ ｰ ' ' ﾉ ｀ / | ｲ ､ ' ' ｨ ヽ \ ﾚ ｰ ' ' ﾉ ｀ / | ｲ ､ ' ' ｨ ヽ \ ﾚ
| ｲ ､ ' ' ｨ ヽ \ ﾚ ｰ ' ' ﾉ ｀ / | ｲ ､ ' ' ｨ ヽ \ ﾚ ｰ ' ' ﾉ ｀ / | ｲ ､ ' '
ﾉ ｀ / | ｲ ､ ' ' ｨ ヽ \ ﾚ ｰ ' ' ﾉ ｀ / | ｲ ､ ' ' ｨ ヽ \ ﾚ ｰ ' ' ﾉ ｀ / | ｲ
ﾚ ｰ ' ' ﾉ ｀ / | ｲ ､ ' ' ｨ ヽ \ ﾚ ｰ ' ' ﾉ ｀ / | ｲ ､ ' ' ｨ ヽ \ ﾚ ｰ ' ' ﾉ
ｨ ヽ \ ﾚ ｰ ' ' ﾉ ｀ / | ｲ ､ ' ' ｨ ヽ \ ﾚ ｰ ' ' ﾉ ｀ / | ｲ ､ ' ' ｨ ヽ \ ﾚ ｰ
ｲ ､ ' ' ｨ ヽ \ ﾚ ｰ ' ' ﾉ ｀ / | ｲ ､ ' ' ｨ ヽ \ ﾚ ｰ ' ' ﾉ ｀ / | ｲ ､ ' ' ｨ
｀ / | ｲ ､ ' ' ｨ ヽ \ ﾚ ｰ ' ' ﾉ ｀ / | ｲ ､ ' ' ｨ ヽ \ ﾚ ｰ ' ' ﾉ ｀ / | ｲ ､
ｰ ' ' ﾉ ｀ / | ｲ ､ ' ' ｨ ヽ \ ﾚ ｰ ' ' ﾉ ｀ / | ｲ ､ ' ' ｨ ヽ \ ﾚ ｰ ' ' ﾉ ｀
ヽ \ ﾚ ｰ ' ' ﾉ ｀ / | ｲ ､ ' ' ｨ ヽ \ ﾚ ｰ ' ' ﾉ ｀ / | ｲ ､ ' ' ｨ ヽ \ ﾚ ｰ '
､ ' ' ｨ ヽ \ ﾚ ｰ ' ' ﾉ ｀ / | ｲ ､ ' ' ｨ ヽ \ ﾚ ｰ ' ' ﾉ ｀ / | ｲ ､ ' ' ｨ ヽ
/ | ｲ ､ ' ' ｨ ヽ \ ﾚ ｰ ' ' ﾉ ｀ / | ｲ ､ ' ' ｨ ヽ \ ﾚ ｰ ' ' ﾉ ｀ / | ｲ ､ '
' ' ﾉ ｀ / | ｲ ､ ' ' ｨ ヽ \ ﾚ ｰ ' ' ﾉ ｀ / | ｲ ､ ' ' ｨ ヽ \ ﾚ ｰ ' ' ﾉ ｀ /
\ ﾚ ｰ ' ' ﾉ ｀ / | ｲ ､ ' ' ｨ ヽ \ ﾚ ｰ ' ' ﾉ ｀ / | ｲ ､ ' ' ｨ ヽ \ ﾚ ｰ ' '
' ' ｨ ヽ \ ﾚ ｰ ' ' ﾉ ｀ / | ｲ ､ ' ' ｨ ヽ \ ﾚ ｰ ' ' ﾉ ｀ / | ｲ ､ ' ' ｨ ヽ \
| ｲ ､ ' ' ｨ ヽ \ ﾚ ｰ ' ' ﾉ ｀ / | ｲ ､ ' ' ｨ ヽ \ ﾚ ｰ ' ' ﾉ ｀ / | ｲ ､ ' '
' ﾉ ｀ / | ｲ ､ ' ' ｨ ヽ \ ﾚ ｰ ' ' ﾉ ｀ / | ｲ ､ ' ' ｨ ヽ \ ﾚ ｰ ' ' ﾉ ｀ / |
ﾚ ｰ ' ' ﾉ ｀ / | ｲ ､ ' ' ｨ ヽ \ ﾚ ｰ ' ' ﾉ ｀ / | ｲ ､ ' ' ｨ ヽ \ ﾚ ｰ ' ' ﾉ
' ｨ ヽ \ ﾚ ｰ ' ' ﾉ ｀ / | ｲ ､ ' ' ｨ ヽ \ ﾚ ｰ ' ' ﾉ ｀ / | ｲ ､ ' ' ｨ ヽ \ ﾚ
ｲ ､ ' ' ｨ ヽ \ ﾚ ｰ ' ' ﾉ ｀ / | ｲ ､ ' ' ｨ ヽ \ ﾚ ｰ ' ' ﾉ ｀ / | ｲ ､ ' ' ｨ
ﾉ ｀ / | ｲ ､ ' ' ｨ ヽ \ ﾚ ｰ ' ' ﾉ ｀ / | ｲ ､ ' ' ｨ ヽ \ ﾚ ｰ ' ' ﾉ ｀ / | ｲ
ｰ ' ' ﾉ ｀ / | ｲ ､ ' ' ｨ ヽ \ ﾚ ｰ ' ' ﾉ ｀ / | ｲ ､ ' ' ｨ ヽ \ ﾚ ｰ ' ' ﾉ ｀
ｨ ヽ \ ﾚ ｰ ' ' ﾉ ｀ / | ｲ ､ ' ' ｨ ヽ \ ﾚ ｰ ' ' ﾉ ｀ / | ｲ ､ ' ' ｨ ヽ \ ﾚ ｰ
､ ' ' ｨ ヽ \ ﾚ ｰ ' ' ﾉ ｀ / | ｲ ､ ' ' ｨ ヽ \ ﾚ ｰ ' ' ﾉ ｀ / | ｲ ､ ' ' ｨ ヽ
｀ / | ｲ ､ ' ' ｨ ヽ \ ﾚ ｰ ' ' ﾉ ｀ / | ｲ ､ ' ' ｨ ヽ \ ﾚ ｰ ' ' ﾉ ｀ / | ｲ ､

4609 名前: 腐腐腐的代价の加藤恵けも 2015/02/20(五) 23:09:58.21 ID:4nUQ5Ek2
4610 名前: ◆DgEukJtar◆ 2015/02/20(五) 23:15:33.00 ID:g/ooVa7D
ｲ ､ ' ' ｨ ヽ \ ﾚ ｰ ' ' ﾉ ｀ / | ｲ ､ ' ' ｨ ヽ \ ﾚ ｰ ' ' ﾉ ｀ / | ｲ ､ ' ' ｨ
ﾉ ｀ / | ｲ ､ ' ' ｨ ヽ \ ﾚ ｰ ' ' ﾉ ｀ / | ｲ ､ ' ' ｨ ヽ \ ﾚ ｰ ' ' ﾉ ｀ / | ｲ
ｰ ' ' ﾉ ｀ / | ｲ ､ ' ' ｨ ヽ \ ﾚ ｰ ' ' ﾉ ｀ / | ｲ ､ ' ' ｨ ヽ \ ﾚ ｰ ' ' ﾉ ｀
ｨ ヽ \ ﾚ ｰ ' ' ﾉ ｀ / | ｲ ､ ' ' ｨ ヽ \ ﾚ ｰ ' ' ﾉ ｀ / | ｲ ､ ' ' ｨ ヽ \ ﾚ ｰ
､ ' ' ｨ ヽ \ ﾚ ｰ ' ' ﾉ ｀ / | ｲ ､ ' ' ｨ ヽ \ ﾚ ｰ ' ' ﾉ ｀ / | ｲ ､ ' ' ｨ ヽ
｀ / | ｲ ､ ' ' ｨ ヽ \ ﾚ ｰ ' ' ﾉ ｀ / | ｲ ､ ' ' ｨ ヽ \ ﾚ ｰ ' ' ﾉ ｀ / | ｲ ､
' ' ﾉ ｀ / | ｲ ､ ' ' ｨ ヽ \ ﾚ ｰ ' ' ﾉ ｀ / | ｲ ､ ' ' ｨ ヽ \ ﾚ ｰ ' ' ﾉ ｀ /
ヽ \ ﾚ ｰ ' ' ﾉ ｀ / | ｲ ､ ' ' ｨ ヽ \ ﾚ ｰ ' ' ﾉ ｀ / | ｲ ､ ' ' ｨ ヽ \ ﾚ ｰ '
' ' ｨ ヽ \ ﾚ ｰ ' ' ﾉ ｀ / | ｲ ､ ' ' ｨ ヽ \ ﾚ ｰ ' ' ﾉ ｀ / | ｲ ､ ' ' ｨ ヽ \
/ | ｲ ､ ' ' ｨ ヽ \ ﾚ ｰ ' ' ﾉ ｀ / | ｲ ､ ' ' ｨ ヽ \ ﾚ ｰ ' ' ﾉ ｀ / | ｲ ､ '
' ﾉ ｀ / | ｲ ､ ' ' ｨ ヽ \ ﾚ ｰ ' ' ﾉ ｀ / | ｲ ､ ' ' ｨ ヽ \ ﾚ ｰ ' ' ﾉ ｀ / |
\ ﾚ ｰ ' ' ﾉ ｀ / | ｲ ､ ' ' ｨ ヽ \ ﾚ ｰ ' ' ﾉ ｀ / | ｲ ､ ' ' ｨ ヽ \ ﾚ ｰ ' '
' ｨ ヽ \ ﾚ ｰ ' ' ﾉ ｀ / | ｲ ､ ' ' ｨ ヽ \ ﾚ ｰ ' ' ﾉ ｀ / | ｲ ､ ' ' ｨ ヽ \ ﾚ
| ｲ ､ ' ' ｨ ヽ \ ﾚ ｰ ' ' ﾉ ｀ / | ｲ ､ ' ' ｨ ヽ \ ﾚ ｰ ' ' ﾉ ｀ / | ｲ ､ ' '
ﾉ ｀ / | ｲ ､ ' ' ｨ ヽ \ ﾚ ｰ ' ' ﾉ ｀ / | ｲ ､ ' ' ｨ ヽ \ ﾚ ｰ ' ' ﾉ ｀ / | ｲ
ﾚ ｰ ' ' ﾉ ｀ / | ｲ ､ ' ' ｨ ヽ \ ﾚ ｰ ' ' ﾉ ｀ / | ｲ ､ ' ' ｨ ヽ \ ﾚ ｰ ' ' ﾉ
ｨ ヽ \ ﾚ ｰ ' ' ﾉ ｀ / | ｲ ､ ' ' ｨ ヽ \ ﾚ ｰ ' ' ﾉ ｀ / | ｲ ､ ' ' ｨ ヽ \ ﾚ ｰ
ｲ ､ ' ' ｨ ヽ \ ﾚ ｰ ' ' ﾉ ｀ / | ｲ ､ ' ' ｨ ヽ \ ﾚ ｰ ' ' ﾉ ｀ / | ｲ ､ ' ' ｨ
｀ / | ｲ ､ ' ' ｨ ヽ \ ﾚ ｰ ' ' ﾉ ｀ / | ｲ ､ ' ' ｨ ヽ \ ﾚ ｰ ' ' ﾉ ｀ / | ｲ ､
ｰ ' ' ﾉ ｀ / | ｲ ､ ' ' ｨ ヽ \ ﾚ ｰ ' ' ﾉ ｀ / | ｲ ､ ' ' ｨ ヽ \ ﾚ ｰ ' ' ﾉ ｀
ヽ \ ﾚ ｰ ' ' ﾉ ｀ / | ｲ ､ ' ' ｨ ヽ \ ﾚ ｰ ' ' ﾉ ｀ / | ｲ ､ ' ' ｨ ヽ \ ﾚ ｰ '
､ ' ' ｨ ヽ \ ﾚ ｰ ' ' ﾉ ｀ / | ｲ ､ ' ' ｨ ヽ \ ﾚ ｰ ' ' ﾉ ｀ / | ｲ ､ ' ' ｨ ヽ
/ | ｲ ､ ' ' ｨ ヽ \ ﾚ ｰ ' ' ﾉ ｀ / | ｲ ､ ' ' ｨ ヽ \ ﾚ ｰ ' ' ﾉ ｀ / | ｲ ､ '
' ' ﾉ ｀ / | ｲ ､ ' ' ｨ ヽ \ ﾚ ｰ ' ' ﾉ ｀ / | ｲ ､ ' ' ｨ ヽ \ ﾚ ｰ ' ' ﾉ ｀ /
\ ﾚ ｰ ' ' ﾉ ｀ / | ｲ ､ ' ' ｨ ヽ \ ﾚ ｰ ' ' ﾉ ｀ / | ｲ ､ ' ' ｨ ヽ \ ﾚ ｰ ' '
' ' ｨ ヽ \ ﾚ ｰ ' ' ﾉ ｀ / | ｲ ､ ' ' ｨ ヽ \ ﾚ ｰ ' ' ﾉ ｀ / | ｲ ､ ' ' ｨ ヽ \
| ｲ ､ ' ' ｨ ヽ \ ﾚ ｰ ' ' ﾉ ｀ / | ｲ ､ ' ' ｨ ヽ \ ﾚ ｰ ' ' ﾉ ｀ / | ｲ ､ ' '
' ﾉ ｀ / | ｲ ､ ' ' ｨ ヽ \ ﾚ ｰ ' ' ﾉ ｀ / | ｲ ､ ' ' ｨ ヽ \ ﾚ ｰ ' ' ﾉ ｀ / |
ﾚ ｰ ' ' ﾉ ｀ / | ｲ ､ ' ' ｨ ヽ \ ﾚ ｰ ' ' ﾉ ｀ / | ｲ ､ ' ' ｨ ヽ \ ﾚ ｰ ' ' ﾉ
' ｨ ヽ \ ﾚ ｰ ' ' ﾉ ｀ / | ｲ ､ ' ' ｨ ヽ \ ﾚ ｰ ' ' ﾉ ｀ / | ｲ ､ ' ' ｨ ヽ \ ﾚ
ｲ ､ ' ' ｨ ヽ \ ﾚ ｰ ' ' ﾉ ｀ / | ｲ ､ ' ' ｨ ヽ \ ﾚ ｰ ' ' ﾉ ｀ / | ｲ ､ ' ' ｨ
ﾉ ｀ / | ｲ ､ ' ' ｨ ヽ \ ﾚ ｰ ' ' ﾉ ｀ / | ｲ ､ ' ' ｨ ヽ \ ﾚ ｰ ' ' ﾉ ｀ / | ｲ
ｰ ' ' ﾉ ｀ / | ｲ ､ ' ' ｨ ヽ \ ﾚ ｰ ' ' ﾉ ｀ / | ｲ ､ ' ' ｨ ヽ \ ﾚ ｰ ' ' ﾉ ｀
ｨ ヽ \ ﾚ ｰ ' ' ﾉ ｀ / | ｲ ､ ' ' ｨ ヽ \ ﾚ ｰ ' ' ﾉ ｀ / | ｲ ､ ' ' ｨ ヽ \ ﾚ ｰ
､ ' ' ｨ ヽ \ ﾚ ｰ ' ' ﾉ ｀ / | ｲ ､ ' ' ｨ ヽ \ ﾚ ｰ ' ' ﾉ ｀ / | ｲ ､ ' ' ｨ ヽ
｀ / | ｲ ､ ' ' ｨ ヽ \ ﾚ ｰ ' ' ﾉ ｀ / | ｲ ､ ' ' ｨ ヽ \ ﾚ ｰ ' ' ﾉ ｀ / | ｲ ､
' ' ﾉ ｀ / | ｲ ､ ' ' ｨ ヽ \ ﾚ ｰ ' ' ﾉ ｀ / | ｲ ､ ' ' ｨ ヽ \ ﾚ ｰ ' ' ﾉ ｀ /
ヽ \ ﾚ ｰ ' ' ﾉ ｀ / | ｲ ､ ' ' ｨ ヽ \ ﾚ ｰ ' ' ﾉ ｀ / | ｲ ､ ' ' ｨ ヽ \ ﾚ ｰ '
' ' ｨ ヽ \ ﾚ ｰ ' ' ﾉ ｀ / | ｲ ､ ' ' ｨ ヽ \ ﾚ ｰ ' ' ﾉ ｀ / | ｲ ､ ' ' ｨ ヽ \
/ | ｲ ､ ' ' ｨ ヽ \ ﾚ ｰ ' ' ﾉ ｀ / | ｲ ､ ' ' ｨ ヽ \ ﾚ ｰ ' ' ﾉ ｀ / | ｲ ､ '
' ﾉ ｀ / | ｲ ､ ' ' ｨ ヽ \ ﾚ ｰ ' ' ﾉ ｀ / | ｲ ､ ' ' ｨ ヽ \ ﾚ ｰ ' ' ﾉ ｀ / |
\ ﾚ ｰ ' ' ﾉ ｀ / | ｲ ､ ' ' ｨ ヽ \ ﾚ ｰ ' ' ﾉ ｀ / | ｲ ､ ' ' ｨ ヽ \ ﾚ ｰ ' '
' ｨ ヽ \ ﾚ ｰ ' ' ﾉ ｀ / | ｲ ､ ' ' ｨ ヽ \ ﾚ ｰ ' ' ﾉ ｀ / | ｲ ､ ' ' ｨ ヽ \ ﾚ
| ｲ ､ ' ' ｨ ヽ \ ﾚ ｰ ' ' ﾉ ｀ / | ｲ ､ ' ' ｨ ヽ \ ﾚ ｰ ' ' ﾉ ｀ / | ｲ ､ ' '
ﾉ ｀ / | ｲ ､ ' ' ｨ ヽ \ ﾚ ｰ ' ' ﾉ ｀ / | ｲ ､ ' ' ｨ ヽ \ ﾚ ｰ ' ' ﾉ ｀ / | ｲ
ﾚ ｰ ' ' ﾉ ｀ / | ｲ ､ ' ' ｨ ヽ \ ﾚ ｰ ' ' ﾉ ｀ / | ｲ ､ ' ' ｨ ヽ \ ﾚ ｰ ' ' ﾉ
ｨ ヽ \ ﾚ ｰ ' ' ﾉ ｀ / | ｲ ､ ' ' ｨ ヽ \ ﾚ ｰ ' ' ﾉ ｀ / | ｲ ､ ' ' ｨ ヽ \ ﾚ ｰ
